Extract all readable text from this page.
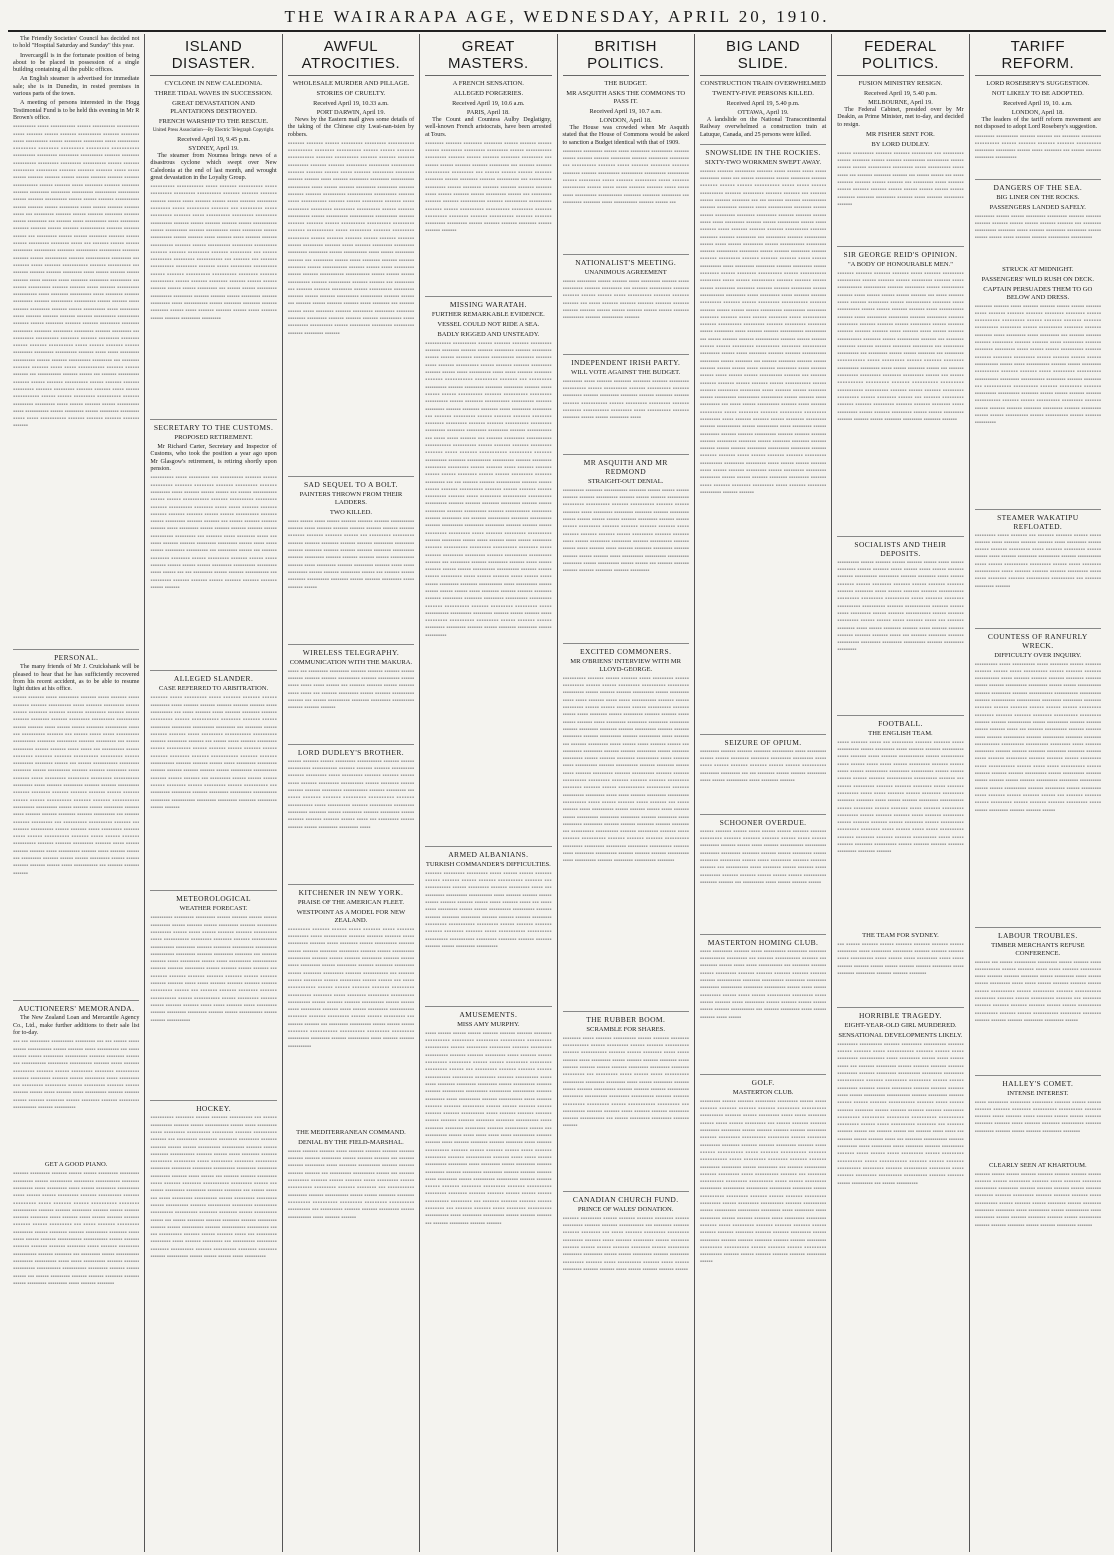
THE WAIRARAPA AGE, WEDNESDAY, APRIL 20, 1910.

The Friendly Societies' Council has decided not to hold "Hospital Saturday and Sunday" this year.

Invercargill is in the fortunate position of being about to be placed in possession of a single building containing all the public offices.

An English steamer is advertised for immediate sale; she is in Dunedin, in rested premises in various parts of the town.

A meeting of persons interested in the Hogg Testimonial Fund is to be held this evening in Mr R Brown's office.

▪▪▪▪▪▪▪▪▪▪ ▪▪▪▪▪ ▪▪▪▪▪▪▪▪▪▪▪ ▪▪▪▪▪▪ ▪▪▪▪▪▪▪▪▪▪ ▪▪▪▪▪▪▪▪▪▪ ▪▪▪▪▪ ▪▪▪▪▪▪▪ ▪▪▪▪▪▪ ▪▪▪▪▪▪▪ ▪▪▪▪▪▪▪▪▪▪ ▪▪▪▪▪▪▪ ▪▪▪▪▪▪▪▪ ▪▪▪▪▪ ▪▪▪▪▪▪▪▪▪▪ ▪▪▪▪▪▪ ▪▪▪▪▪▪▪▪ ▪▪▪▪▪▪▪▪▪ ▪▪▪▪▪ ▪▪▪▪▪▪▪▪▪▪ ▪▪▪▪▪▪▪▪▪ ▪▪▪▪▪▪▪▪ ▪▪▪▪▪▪▪▪▪ ▪▪▪▪▪▪▪▪▪ ▪▪▪▪▪▪▪▪▪▪▪ ▪▪▪▪▪▪▪▪▪▪ ▪▪▪▪▪▪▪▪▪ ▪▪▪▪▪▪▪▪▪ ▪▪▪▪▪▪▪▪▪▪ ▪▪▪▪▪▪▪ ▪▪▪▪▪▪▪▪ ▪▪▪▪▪▪▪▪▪▪ ▪▪▪▪▪▪▪▪▪ ▪▪▪▪▪▪▪▪▪ ▪▪▪▪▪▪▪▪▪▪ ▪▪▪▪▪▪ ▪▪▪▪▪▪▪ ▪▪▪▪▪▪▪▪▪ ▪▪▪▪▪▪▪▪▪ ▪▪▪▪▪▪▪ ▪▪▪▪▪▪▪ ▪▪▪▪▪▪▪ ▪▪▪▪▪ ▪▪▪▪▪ ▪▪▪▪▪▪ ▪▪▪▪▪▪▪ ▪▪▪▪▪▪▪ ▪▪▪▪▪▪ ▪▪▪▪▪▪ ▪▪▪▪▪▪▪ ▪▪▪▪▪▪▪ ▪▪▪▪▪▪▪ ▪▪▪▪▪▪▪▪▪▪▪ ▪▪▪▪▪▪ ▪▪▪▪▪▪▪ ▪▪▪▪▪ ▪▪▪▪▪▪▪▪ ▪▪▪▪▪▪▪ ▪▪▪▪▪▪▪▪ ▪▪▪▪▪▪▪ ▪▪▪▪▪▪▪▪▪ ▪▪▪▪▪▪▪▪▪ ▪▪▪▪▪▪▪▪▪▪ ▪▪▪▪▪▪▪▪▪▪ ▪▪▪▪▪▪▪▪▪▪ ▪▪▪▪▪▪ ▪▪▪▪▪▪▪ ▪▪▪▪▪▪▪▪▪▪ ▪▪▪▪▪▪ ▪▪▪▪▪▪ ▪▪▪▪▪▪▪ ▪▪▪▪▪▪▪▪▪▪▪ ▪▪▪▪▪▪ ▪▪▪▪▪▪▪ ▪▪▪▪▪▪ ▪▪▪▪▪▪▪▪▪ ▪▪▪▪▪ ▪▪▪▪▪▪ ▪▪▪▪▪▪▪ ▪▪▪▪▪▪▪ ▪▪▪▪▪ ▪▪▪ ▪▪▪▪▪▪▪▪▪ ▪▪▪▪▪▪▪ ▪▪▪▪▪▪ ▪▪▪▪▪▪▪ ▪▪▪▪▪▪▪▪ ▪▪▪▪▪▪▪ ▪▪▪▪▪▪ ▪▪▪▪▪▪▪▪▪ ▪▪▪ ▪▪▪▪▪▪▪ ▪▪▪▪▪ ▪▪▪▪▪▪▪▪▪▪ ▪▪▪▪▪ ▪▪▪▪▪▪▪▪▪ ▪▪▪▪▪▪▪ ▪▪▪▪▪▪▪ ▪▪▪▪▪▪ ▪▪▪▪▪▪▪ ▪▪▪▪▪▪▪▪▪▪▪ ▪▪▪▪▪▪▪ ▪▪▪▪▪▪▪ ▪▪▪▪▪▪ ▪▪▪ ▪▪▪▪▪▪▪▪▪ ▪▪▪▪▪▪ ▪▪▪▪▪▪ ▪▪▪▪▪▪▪▪ ▪▪▪▪▪▪▪ ▪▪▪▪▪▪ ▪▪▪▪▪▪ ▪▪▪▪▪▪▪▪▪ ▪▪▪▪▪▪▪▪ ▪▪▪▪▪ ▪▪▪ ▪▪▪▪▪▪▪ ▪▪▪▪▪▪ ▪▪▪▪▪▪ ▪▪▪▪▪▪▪▪▪ ▪▪▪▪▪▪▪▪▪▪ ▪▪▪▪▪▪▪▪ ▪▪▪▪▪▪▪▪▪▪ ▪▪▪▪▪▪▪▪▪▪ ▪▪▪▪▪▪▪▪ ▪▪▪▪▪▪▪ ▪▪▪▪▪▪ ▪▪▪▪▪▪▪▪▪▪ ▪▪▪▪▪▪▪ ▪▪▪▪▪▪▪▪▪▪▪ ▪▪▪▪▪▪▪▪▪ ▪▪▪ ▪▪▪▪▪▪▪ ▪▪▪▪▪ ▪▪▪▪▪▪▪ ▪▪▪▪▪▪▪▪▪▪▪ ▪▪▪▪▪▪▪ ▪▪▪▪▪▪▪▪▪▪ ▪▪▪ ▪▪▪▪▪▪▪ ▪▪▪▪▪▪▪ ▪▪▪▪▪▪▪ ▪▪▪▪▪▪▪▪▪ ▪▪▪▪▪ ▪▪▪▪▪▪ ▪▪▪▪▪▪▪ ▪▪▪▪▪▪ ▪▪▪▪▪▪▪ ▪▪▪▪▪ ▪▪▪▪▪▪▪ ▪▪▪▪▪ ▪▪▪▪▪▪▪▪ ▪▪▪▪▪▪▪▪▪ ▪▪▪▪▪▪▪▪▪▪ ▪▪▪ ▪▪▪▪▪▪ ▪▪▪▪▪▪▪▪▪▪ ▪▪▪▪▪▪▪ ▪▪▪▪▪▪▪ ▪▪▪▪▪ ▪▪▪▪▪▪▪ ▪▪▪▪▪▪▪▪▪▪ ▪▪▪▪▪▪▪▪▪▪▪ ▪▪▪▪▪ ▪▪▪▪▪▪▪▪ ▪▪▪▪▪▪▪▪▪▪ ▪▪▪▪▪ ▪▪▪▪▪▪▪▪ ▪▪▪▪▪▪▪ ▪▪▪▪▪▪▪▪▪ ▪▪▪▪▪▪▪ ▪▪▪▪▪▪▪▪▪▪ ▪▪▪▪▪▪▪▪▪▪ ▪▪▪▪▪▪ ▪▪▪▪▪▪▪ ▪▪▪▪▪ ▪▪▪▪▪▪▪ ▪▪▪▪▪▪▪▪▪ ▪▪▪▪▪▪▪ ▪▪▪▪▪▪ ▪▪▪▪▪▪▪▪▪▪ ▪▪▪▪▪ ▪▪▪▪▪▪▪▪▪ ▪▪▪▪▪ ▪▪▪▪▪▪▪ ▪▪▪▪▪▪▪ ▪▪▪▪▪▪▪ ▪▪▪▪▪▪▪ ▪▪▪▪▪▪▪▪▪▪ ▪▪▪▪▪▪▪▪▪▪ ▪▪▪▪▪▪▪ ▪▪▪▪▪▪ ▪▪▪▪▪▪▪▪ ▪▪▪▪▪▪▪ ▪▪▪▪▪▪▪ ▪▪▪▪▪▪▪▪▪ ▪▪▪▪▪▪▪▪ ▪▪▪▪▪▪▪▪▪ ▪▪▪▪▪▪▪▪ ▪▪▪▪▪▪▪▪▪ ▪▪▪▪▪▪▪▪▪ ▪▪▪▪▪▪▪ ▪▪▪▪▪▪▪▪▪ ▪▪▪ ▪▪▪▪▪▪▪▪▪ ▪▪▪▪▪▪▪▪▪▪ ▪▪▪▪▪▪▪▪ ▪▪▪▪▪▪▪ ▪▪▪▪▪▪▪▪▪ ▪▪▪▪▪▪▪▪ ▪▪▪▪▪▪ ▪▪▪▪▪▪▪ ▪▪▪▪▪▪▪▪▪▪ ▪▪▪▪▪ ▪▪▪▪▪▪ ▪▪▪▪▪▪▪ ▪▪▪▪▪▪ ▪▪▪▪▪▪▪▪▪ ▪▪▪▪▪▪▪▪▪ ▪▪▪▪▪▪▪▪▪▪ ▪▪▪▪▪▪▪ ▪▪▪▪▪ ▪▪▪▪▪ ▪▪▪▪▪▪▪▪▪ ▪▪▪▪▪▪▪▪▪▪ ▪▪▪▪▪▪ ▪▪▪▪▪▪▪ ▪▪▪▪▪▪▪▪▪▪ ▪▪▪▪▪▪▪▪▪ ▪▪▪ ▪▪▪▪▪▪▪▪ ▪▪▪▪▪▪▪ ▪▪▪▪▪▪▪ ▪▪▪▪▪ ▪▪▪▪▪ ▪▪▪▪▪▪▪▪▪▪▪ ▪▪▪▪▪▪▪ ▪▪▪▪▪▪ ▪▪▪▪▪▪▪ ▪▪▪ ▪▪▪▪▪▪▪▪▪▪▪ ▪▪▪▪▪▪▪ ▪▪▪▪▪▪ ▪▪▪ ▪▪▪▪▪▪▪ ▪▪▪▪▪▪▪▪▪▪ ▪▪▪▪▪▪▪ ▪▪▪▪▪▪ ▪▪▪▪▪▪▪ ▪▪▪▪▪▪▪▪▪▪ ▪▪▪▪▪▪ ▪▪▪▪▪▪▪ ▪▪▪▪▪▪▪ ▪▪▪▪▪▪▪▪▪ ▪▪▪▪▪▪▪ ▪▪▪▪▪▪▪▪▪ ▪▪▪▪▪▪▪ ▪▪▪▪▪▪▪ ▪▪▪▪▪ ▪▪▪▪▪▪ ▪▪▪▪▪▪▪▪▪▪▪ ▪▪▪▪▪▪ ▪▪▪▪▪▪ ▪▪▪▪▪▪▪▪▪ ▪▪▪▪▪▪▪▪▪▪ ▪▪▪▪▪▪▪ ▪▪▪▪▪▪▪▪▪ ▪▪▪▪▪▪▪▪▪ ▪▪▪▪▪ ▪▪▪▪▪▪ ▪▪▪▪▪▪▪ ▪▪▪▪▪▪ ▪▪▪▪▪▪▪▪▪▪ ▪▪▪▪▪ ▪▪▪▪▪▪▪▪▪▪▪ ▪▪▪▪▪▪ ▪▪▪▪▪▪▪▪▪ ▪▪▪▪▪▪ ▪▪▪▪▪▪▪▪▪ ▪▪▪▪▪▪▪▪▪ ▪▪▪▪▪ ▪▪▪▪▪ ▪▪▪▪▪▪▪▪▪▪▪ ▪▪▪▪▪▪▪ ▪▪▪▪▪▪▪ ▪▪▪▪▪▪▪ ▪▪▪▪▪▪▪ ▪▪▪▪▪▪▪
PERSONAL.

The many friends of Mr J. Cruickshank will be pleased to hear that he has sufficiently recovered from his recent accident, as to be able to resume light duties at his office.

▪▪▪▪▪▪ ▪▪▪▪▪▪▪ ▪▪▪▪▪ ▪▪▪▪▪▪▪▪▪ ▪▪▪▪▪▪▪ ▪▪▪▪▪ ▪▪▪▪▪▪▪ ▪▪▪▪▪ ▪▪▪▪▪▪▪ ▪▪▪▪▪▪▪ ▪▪▪▪▪▪▪▪▪▪ ▪▪▪▪▪ ▪▪▪▪▪▪▪ ▪▪▪▪▪▪▪▪▪ ▪▪▪▪▪▪ ▪▪▪▪▪▪ ▪▪▪▪▪▪▪▪ ▪▪▪▪▪▪▪ ▪▪▪▪▪▪▪ ▪▪▪▪▪▪▪▪▪ ▪▪▪▪▪▪▪ ▪▪▪▪▪▪ ▪▪▪▪▪▪▪ ▪▪▪▪▪▪▪▪ ▪▪▪▪▪▪▪ ▪▪▪▪▪▪▪▪▪ ▪▪▪▪▪▪▪▪▪▪ ▪▪▪▪▪▪▪▪▪▪ ▪▪▪▪▪▪ ▪▪▪▪▪▪▪ ▪▪▪▪▪ ▪▪▪▪▪▪ ▪▪▪▪▪▪ ▪▪▪▪▪▪▪▪ ▪▪▪▪▪▪▪▪▪▪ ▪▪▪▪▪ ▪▪▪ ▪▪▪▪▪▪▪▪▪▪ ▪▪▪▪▪▪▪ ▪▪▪ ▪▪▪▪▪▪ ▪▪▪▪▪ ▪▪▪▪▪ ▪▪▪▪▪▪▪▪▪▪ ▪▪▪▪▪▪▪▪▪▪ ▪▪▪▪▪▪▪▪ ▪▪▪▪▪▪▪▪▪ ▪▪▪▪▪▪▪ ▪▪▪▪▪▪▪▪▪ ▪▪▪ ▪▪▪▪▪▪ ▪▪▪▪▪▪▪▪▪ ▪▪▪▪▪▪ ▪▪▪▪▪▪▪ ▪▪▪▪▪ ▪▪▪▪▪ ▪▪▪ ▪▪▪▪▪▪▪▪▪▪ ▪▪▪▪▪▪ ▪▪▪▪▪▪▪▪ ▪▪▪▪▪▪▪ ▪▪▪▪▪▪▪ ▪▪▪▪▪▪▪▪▪▪ ▪▪▪▪▪▪▪▪▪ ▪▪▪▪▪▪ ▪▪▪▪▪▪▪▪▪ ▪▪▪▪▪▪▪▪ ▪▪▪▪▪▪ ▪▪▪ ▪▪▪▪▪▪ ▪▪▪▪▪▪▪▪▪▪▪ ▪▪▪▪▪▪▪▪▪ ▪▪▪▪▪▪▪▪ ▪▪▪▪▪▪ ▪▪▪▪▪▪▪▪▪▪ ▪▪▪▪▪▪▪ ▪▪▪▪▪▪▪ ▪▪▪▪▪▪▪▪▪ ▪▪▪▪▪ ▪▪▪▪▪▪▪ ▪▪▪▪▪ ▪▪▪▪▪▪▪▪▪ ▪▪▪▪▪▪▪▪▪ ▪▪▪▪▪▪▪▪▪ ▪▪▪▪▪▪▪▪▪▪▪ ▪▪▪▪▪▪▪▪▪ ▪▪▪▪▪ ▪▪▪▪▪▪▪ ▪▪▪▪▪▪▪▪▪ ▪▪▪▪▪▪▪ ▪▪▪▪▪▪▪ ▪▪▪▪▪▪▪▪▪▪ ▪▪▪▪▪▪▪ ▪▪▪▪▪▪▪▪ ▪▪▪▪▪▪▪ ▪▪▪▪▪▪▪ ▪▪▪▪▪▪▪ ▪▪▪▪▪▪ ▪▪▪▪▪▪▪ ▪▪▪▪▪▪ ▪▪▪▪▪▪ ▪▪▪▪▪▪▪▪▪▪ ▪▪▪▪▪▪▪ ▪▪▪▪▪▪▪ ▪▪▪▪▪▪▪▪▪▪▪ ▪▪▪▪▪▪▪▪▪▪ ▪▪▪▪▪▪▪▪▪▪ ▪▪▪▪▪▪ ▪▪▪▪▪▪▪ ▪▪▪▪▪▪ ▪▪▪▪▪▪▪▪▪ ▪▪▪▪▪▪▪ ▪▪▪▪▪ ▪▪▪▪▪▪▪ ▪▪▪▪▪▪▪ ▪▪▪▪▪▪▪▪ ▪▪▪▪▪▪▪ ▪▪▪▪▪▪▪▪▪▪ ▪▪▪ ▪▪▪▪▪▪▪ ▪▪▪▪▪▪▪ ▪▪▪▪▪▪▪▪▪ ▪▪▪ ▪▪▪▪▪▪▪▪▪▪ ▪▪▪▪▪▪▪▪▪▪ ▪▪▪▪▪▪▪ ▪▪▪ ▪▪▪▪▪▪▪ ▪▪▪▪▪▪▪▪▪▪ ▪▪▪▪▪▪ ▪▪▪▪▪▪▪ ▪▪▪▪▪ ▪▪▪▪▪▪▪▪▪ ▪▪▪▪▪▪▪ ▪▪▪▪▪ ▪▪▪▪▪▪ ▪▪▪▪▪▪▪▪▪▪ ▪▪▪▪▪▪▪ ▪▪▪▪▪ ▪▪▪▪▪▪ ▪▪▪▪▪▪▪ ▪▪▪▪▪▪▪▪▪▪ ▪▪▪▪▪▪▪ ▪▪▪▪▪▪▪ ▪▪▪▪▪▪▪▪▪ ▪▪▪▪▪▪▪ ▪▪▪▪▪ ▪▪▪▪▪▪ ▪▪▪▪▪▪▪ ▪▪▪▪▪▪▪ ▪▪▪▪▪ ▪▪▪▪▪▪▪▪▪▪ ▪▪▪▪▪▪▪ ▪▪▪▪▪ ▪▪▪▪▪▪▪ ▪▪▪▪▪▪ ▪▪▪ ▪▪▪▪▪▪▪▪▪ ▪▪▪▪▪▪▪ ▪▪▪▪▪▪ ▪▪▪▪▪▪ ▪▪▪▪▪▪▪▪▪ ▪▪▪▪▪▪ ▪▪▪▪▪▪ ▪▪▪▪▪▪▪ ▪▪▪▪▪▪▪ ▪▪▪▪▪▪ ▪▪▪▪▪ ▪▪▪▪▪▪▪▪▪▪▪ ▪▪▪ ▪▪▪▪▪▪▪ ▪▪▪▪▪▪▪ ▪▪▪▪▪▪▪
AUCTIONEERS' MEMORANDA.

The New Zealand Loan and Mercantile Agency Co., Ltd., make further additions to their sale list for to-day.

▪▪▪ ▪▪▪ ▪▪▪▪▪▪▪▪▪ ▪▪▪▪▪▪▪▪▪▪ ▪▪▪▪▪▪▪▪▪ ▪▪▪ ▪▪▪ ▪▪▪▪▪▪ ▪▪▪▪▪ ▪▪▪▪▪▪ ▪▪▪▪▪▪▪▪▪▪▪ ▪▪▪▪▪▪ ▪▪▪▪▪▪▪ ▪▪▪▪▪ ▪▪▪▪▪▪▪▪▪▪ ▪▪▪ ▪▪▪▪▪ ▪▪▪▪▪▪ ▪▪▪▪▪▪ ▪▪▪▪▪▪▪▪▪ ▪▪▪▪▪▪▪▪▪▪ ▪▪▪▪▪▪▪ ▪▪▪▪▪▪▪▪ ▪▪▪▪▪▪ ▪▪▪ ▪▪▪▪▪▪▪▪▪▪▪ ▪▪▪▪▪▪▪▪▪ ▪▪▪▪▪▪▪▪▪▪ ▪▪▪▪▪▪▪ ▪▪▪▪▪ ▪▪▪▪▪▪▪ ▪▪▪▪▪▪▪▪▪ ▪▪▪▪▪▪▪ ▪▪▪▪▪▪ ▪▪▪▪▪▪▪▪▪ ▪▪▪▪▪▪▪▪ ▪▪▪▪▪▪▪▪▪▪ ▪▪▪▪▪▪▪ ▪▪▪▪▪▪▪▪▪ ▪▪▪▪▪▪▪ ▪▪▪▪▪▪ ▪▪▪▪▪▪▪▪▪ ▪▪▪▪▪ ▪▪▪▪▪▪▪▪▪ ▪▪▪ ▪▪▪▪▪▪▪▪▪ ▪▪▪▪▪▪▪▪▪ ▪▪▪▪▪▪ ▪▪▪▪▪▪▪▪▪ ▪▪▪▪▪▪▪ ▪▪▪▪▪▪ ▪▪▪▪▪▪▪ ▪▪▪▪▪▪ ▪▪▪▪▪ ▪▪▪▪▪▪▪ ▪▪▪▪▪ ▪▪▪▪▪▪▪▪▪▪ ▪▪▪▪▪▪▪ ▪▪▪▪▪▪▪ ▪▪▪▪▪▪ ▪▪▪▪▪▪▪ ▪▪▪▪▪▪▪▪ ▪▪▪▪▪▪ ▪▪▪▪▪▪▪▪ ▪▪▪▪▪▪▪ ▪▪▪▪▪▪▪▪▪ ▪▪▪▪▪▪▪▪▪▪▪ ▪▪▪▪▪▪▪ ▪▪▪▪▪▪▪▪▪▪
GET A GOOD PIANO.
▪▪▪▪▪▪▪ ▪▪▪▪▪▪▪▪▪ ▪▪▪▪▪▪▪ ▪▪▪▪▪▪ ▪▪▪▪▪▪ ▪▪▪▪▪▪▪▪▪ ▪▪▪▪▪▪▪▪▪ ▪▪▪▪▪▪▪▪▪ ▪▪▪▪▪▪ ▪▪▪▪▪▪▪▪▪▪ ▪▪▪▪▪▪▪▪▪ ▪▪▪▪▪▪▪▪▪▪▪ ▪▪▪▪▪▪▪▪ ▪▪▪▪▪▪▪▪▪ ▪▪▪▪▪ ▪▪▪▪▪▪▪▪▪ ▪▪▪▪▪ ▪▪▪▪▪▪ ▪▪▪▪▪▪▪▪▪ ▪▪▪▪▪▪▪▪▪▪ ▪▪▪▪▪ ▪▪▪▪▪▪ ▪▪▪▪▪▪ ▪▪▪▪▪▪▪▪▪ ▪▪▪▪▪▪▪ ▪▪▪▪▪▪▪▪▪▪ ▪▪▪▪▪▪▪ ▪▪▪▪▪▪▪▪▪ ▪▪▪▪▪ ▪▪▪▪▪▪▪ ▪▪▪▪▪▪ ▪▪▪▪▪▪▪▪▪▪ ▪▪▪▪▪▪▪▪ ▪▪▪▪▪▪▪▪▪▪▪ ▪▪▪▪▪▪▪ ▪▪▪▪▪▪▪ ▪▪▪▪▪▪▪▪▪ ▪▪▪▪▪▪▪ ▪▪▪▪▪▪ ▪▪▪▪▪▪▪ ▪▪▪▪▪▪▪ ▪▪▪▪▪▪▪▪ ▪▪▪▪▪ ▪▪▪▪▪▪▪ ▪▪▪▪▪ ▪▪▪▪▪▪ ▪▪▪▪▪▪▪ ▪▪▪▪▪▪▪ ▪▪▪▪▪▪▪ ▪▪▪▪▪▪ ▪▪▪▪▪▪▪▪▪ ▪▪▪ ▪▪▪▪▪ ▪▪▪▪▪▪▪ ▪▪▪▪▪▪▪▪▪ ▪▪▪▪▪▪▪▪▪ ▪▪▪▪▪▪ ▪▪▪▪▪▪▪▪ ▪▪▪▪▪▪▪ ▪▪▪▪▪▪▪▪▪▪ ▪▪▪▪▪▪▪▪ ▪▪▪▪▪ ▪▪▪▪▪ ▪▪▪▪▪▪ ▪▪▪▪▪▪▪ ▪▪▪▪▪▪▪▪▪▪▪ ▪▪▪▪▪▪▪▪▪▪▪ ▪▪▪▪▪▪ ▪▪▪▪▪▪▪ ▪▪▪▪▪▪▪ ▪▪▪▪▪▪▪ ▪▪▪▪▪▪▪ ▪▪▪▪▪▪▪▪ ▪▪▪▪▪ ▪▪▪▪▪▪▪ ▪▪▪▪▪▪▪▪▪ ▪▪▪▪▪▪▪▪▪▪▪ ▪▪▪▪▪▪▪ ▪▪▪▪▪▪▪▪ ▪▪▪ ▪▪▪▪▪▪▪▪▪ ▪▪▪▪▪▪ ▪▪▪▪▪▪▪▪▪▪▪ ▪▪▪▪▪▪▪▪▪ ▪▪▪▪▪▪▪▪▪▪ ▪▪▪▪▪ ▪▪▪▪▪ ▪▪▪▪▪▪▪▪▪▪ ▪▪▪▪▪▪▪ ▪▪▪▪▪▪▪ ▪▪▪▪▪▪▪▪▪▪ ▪▪▪▪▪▪▪▪▪▪▪ ▪▪▪▪▪▪▪▪▪▪▪ ▪▪▪▪▪▪▪▪▪ ▪▪▪▪▪▪▪ ▪▪▪▪▪▪ ▪▪▪▪▪▪ ▪▪▪ ▪▪▪▪▪▪ ▪▪▪▪▪▪▪▪▪ ▪▪▪▪▪▪▪ ▪▪▪▪▪▪▪ ▪▪▪▪▪▪▪▪ ▪▪▪▪▪▪▪ ▪▪▪▪▪▪ ▪▪▪▪▪▪▪▪▪ ▪▪▪▪▪▪▪▪▪ ▪▪▪▪▪ ▪▪▪▪▪▪▪ ▪▪▪▪▪▪▪▪
ISLAND DISASTER.
CYCLONE IN NEW CALEDONIA.
THREE TIDAL WAVES IN SUCCESSION.
GREAT DEVASTATION AND PLANTATIONS DESTROYED.
FRENCH WARSHIP TO THE RESCUE.
United Press Association—By Electric Telegraph Copyright.
Received April 19, 9.45 p.m.
SYDNEY, April 19.

The steamer from Noumea brings news of a disastrous cyclone which swept over New Caledonia at the end of last month, and wrought great devastation in the Loyalty Group.

▪▪▪▪▪▪▪▪▪▪ ▪▪▪▪▪▪▪▪▪▪▪ ▪▪▪▪▪ ▪▪▪▪▪▪▪ ▪▪▪▪▪▪▪▪▪▪ ▪▪▪▪▪ ▪▪▪▪▪▪▪▪▪ ▪▪▪▪▪▪▪▪▪ ▪▪▪▪▪▪▪▪▪▪ ▪▪▪▪▪▪▪ ▪▪▪▪▪▪▪ ▪▪▪▪▪▪▪ ▪▪▪▪▪▪▪ ▪▪▪▪▪▪ ▪▪▪▪▪ ▪▪▪▪▪▪▪ ▪▪▪▪▪▪ ▪▪▪▪▪ ▪▪▪▪▪▪▪ ▪▪▪▪▪▪▪▪▪ ▪▪▪▪▪▪▪▪ ▪▪▪▪▪ ▪▪▪▪▪▪▪▪▪ ▪▪▪▪▪▪▪ ▪▪▪ ▪▪▪▪▪▪▪▪▪ ▪▪▪▪▪ ▪▪▪▪▪▪▪▪▪ ▪▪▪▪▪▪▪ ▪▪▪▪▪ ▪▪▪▪▪▪▪▪▪▪ ▪▪▪▪▪▪▪▪▪ ▪▪▪▪▪▪▪▪▪ ▪▪▪▪▪▪▪▪▪▪ ▪▪▪▪▪▪▪ ▪▪▪▪▪▪ ▪▪▪▪▪▪▪ ▪▪▪▪▪▪▪ ▪▪▪▪▪▪ ▪▪▪▪▪▪▪▪▪▪▪ ▪▪▪▪▪▪ ▪▪▪▪▪▪▪▪▪▪ ▪▪▪▪▪▪▪ ▪▪▪▪▪▪▪▪▪▪ ▪▪▪▪▪ ▪▪▪▪▪▪▪▪▪ ▪▪▪▪▪▪ ▪▪▪▪▪▪▪▪▪▪ ▪▪▪▪▪▪ ▪▪▪▪▪▪▪ ▪▪▪▪▪ ▪▪▪▪▪▪▪ ▪▪▪▪▪ ▪▪▪▪▪▪▪ ▪▪▪▪▪▪▪ ▪▪▪▪▪▪▪▪▪▪ ▪▪▪▪▪▪▪ ▪▪▪▪▪▪ ▪▪▪▪▪▪▪▪▪▪ ▪▪▪▪▪▪▪▪▪ ▪▪▪▪▪▪▪▪▪▪ ▪▪▪▪▪▪▪ ▪▪▪▪▪▪▪ ▪▪▪▪▪▪▪▪▪ ▪▪▪▪▪▪▪ ▪▪▪▪▪▪▪▪▪ ▪▪▪ ▪▪▪▪▪▪ ▪▪▪▪▪▪▪▪▪ ▪▪▪▪▪▪▪▪▪ ▪▪▪▪▪▪▪▪▪▪▪ ▪▪▪ ▪▪▪▪▪▪▪ ▪▪▪ ▪▪▪▪▪▪▪ ▪▪▪▪▪▪▪▪▪▪ ▪▪▪▪▪▪▪▪▪ ▪▪▪▪▪▪▪ ▪▪▪▪▪ ▪▪▪▪▪▪▪▪▪ ▪▪▪▪▪▪▪▪▪▪ ▪▪▪▪▪▪ ▪▪▪▪▪▪▪ ▪▪▪▪▪▪▪▪▪▪ ▪▪▪▪▪▪▪▪▪▪ ▪▪▪▪▪▪▪▪ ▪▪▪▪▪▪▪ ▪▪▪▪▪▪▪▪▪▪ ▪▪▪▪▪▪ ▪▪▪▪▪▪▪ ▪▪▪▪▪▪▪▪ ▪▪▪▪▪▪▪ ▪▪▪▪▪▪ ▪▪▪▪▪▪ ▪▪▪▪▪▪▪ ▪▪▪▪▪▪ ▪▪▪▪▪▪ ▪▪▪▪▪▪▪▪▪ ▪▪▪ ▪▪▪▪▪▪ ▪▪▪▪▪▪ ▪▪▪▪▪▪▪▪▪ ▪▪▪▪▪▪▪▪▪▪ ▪▪▪▪▪▪▪▪▪ ▪▪▪▪▪▪▪ ▪▪▪▪▪▪▪ ▪▪▪▪▪▪ ▪▪▪▪▪▪▪▪▪ ▪▪▪▪▪▪▪ ▪▪▪▪▪▪▪▪▪ ▪▪▪▪▪ ▪▪▪▪▪▪▪▪▪▪▪ ▪▪▪▪▪▪ ▪▪▪▪▪▪▪▪ ▪▪▪▪▪▪▪▪ ▪▪▪▪▪▪▪ ▪▪▪▪▪▪▪▪ ▪▪▪▪▪▪ ▪▪▪▪▪ ▪▪▪▪▪▪▪ ▪▪▪▪▪▪▪ ▪▪▪▪▪▪ ▪▪▪▪▪ ▪▪▪▪▪▪▪ ▪▪▪▪▪▪ ▪▪▪▪▪▪▪ ▪▪▪▪▪▪▪▪▪ ▪▪▪▪▪▪▪▪▪
SECRETARY TO THE CUSTOMS.
PROPOSED RETIREMENT.

Mr Richard Carter, Secretary and Inspector of Customs, who took the position a year ago upon Mr Glasgow's retirement, is retiring shortly upon pension.

▪▪▪▪▪▪▪▪▪▪ ▪▪▪▪▪ ▪▪▪▪▪▪▪▪▪ ▪▪▪ ▪▪▪▪▪▪▪▪▪▪ ▪▪▪▪▪▪▪ ▪▪▪▪▪▪ ▪▪▪▪▪▪▪▪▪ ▪▪▪▪▪▪▪ ▪▪▪▪▪▪▪▪ ▪▪▪▪▪▪▪ ▪▪▪▪▪▪▪▪▪ ▪▪▪▪▪▪▪ ▪▪▪▪▪▪▪▪▪ ▪▪▪▪▪ ▪▪▪▪▪▪▪ ▪▪▪▪▪▪ ▪▪▪▪▪▪ ▪▪▪ ▪▪▪▪▪▪ ▪▪▪▪▪▪▪▪▪▪▪ ▪▪▪▪▪▪ ▪▪▪▪▪▪ ▪▪▪▪▪▪▪▪▪▪▪ ▪▪▪▪▪▪▪ ▪▪▪▪▪▪▪▪▪▪ ▪▪▪▪▪▪▪▪▪ ▪▪▪▪▪▪▪ ▪▪▪▪▪▪▪▪▪▪ ▪▪▪▪▪▪▪▪ ▪▪▪▪▪ ▪▪▪▪▪ ▪▪▪▪▪▪▪ ▪▪▪▪▪▪▪ ▪▪▪▪▪▪▪ ▪▪▪▪▪▪▪ ▪▪▪▪▪▪▪ ▪▪▪▪▪▪ ▪▪▪▪▪▪ ▪▪▪▪▪▪▪▪▪▪ ▪▪▪▪▪▪▪ ▪▪▪▪▪▪ ▪▪▪▪▪▪▪▪▪ ▪▪▪▪▪▪▪ ▪▪▪▪▪▪▪ ▪▪▪ ▪▪▪▪▪▪ ▪▪▪▪▪▪▪ ▪▪▪▪▪▪▪ ▪▪▪▪▪▪▪ ▪▪▪▪▪ ▪▪▪▪▪▪▪▪▪ ▪▪▪▪▪▪ ▪▪▪▪▪▪▪ ▪▪▪▪▪▪▪ ▪▪▪▪▪▪▪ ▪▪▪▪▪▪ ▪▪▪▪▪▪▪▪▪▪ ▪▪▪▪▪▪▪▪▪ ▪▪▪ ▪▪▪▪▪▪▪ ▪▪▪▪▪ ▪▪▪▪▪▪▪▪ ▪▪▪▪▪ ▪▪▪ ▪▪▪▪▪ ▪▪▪▪▪▪▪ ▪▪▪▪▪▪▪ ▪▪▪▪▪▪▪▪▪ ▪▪▪▪▪▪▪▪▪ ▪▪▪▪▪▪ ▪▪▪▪▪ ▪▪▪▪▪ ▪▪▪▪▪▪ ▪▪▪▪▪▪▪▪▪ ▪▪▪▪▪▪▪▪▪▪ ▪▪▪ ▪▪▪▪▪▪▪▪▪ ▪▪▪▪▪▪ ▪▪▪ ▪▪▪▪▪▪▪ ▪▪▪▪▪▪▪▪ ▪▪▪▪▪▪▪▪ ▪▪▪▪▪▪ ▪▪▪▪▪▪▪▪▪ ▪▪▪▪▪▪▪ ▪▪▪▪▪▪ ▪▪▪▪▪ ▪▪▪▪▪▪▪ ▪▪▪▪▪▪ ▪▪▪▪▪▪ ▪▪▪▪▪▪ ▪▪▪▪▪▪▪▪▪ ▪▪▪▪▪▪▪▪▪▪ ▪▪▪▪▪▪▪▪▪ ▪▪▪▪▪ ▪▪▪▪▪▪ ▪▪▪ ▪▪▪ ▪▪▪▪▪▪▪▪▪ ▪▪▪▪▪▪ ▪▪▪▪▪▪▪ ▪▪▪▪▪▪▪▪▪▪▪ ▪▪▪ ▪▪▪▪▪▪▪▪▪ ▪▪▪▪▪▪▪ ▪▪▪▪▪▪▪ ▪▪▪▪▪▪ ▪▪▪▪▪▪▪ ▪▪▪▪▪▪▪ ▪▪▪▪▪▪▪ ▪▪▪▪▪▪ ▪▪▪▪▪▪▪
ALLEGED SLANDER.
CASE REFERRED TO ARBITRATION.
▪▪▪▪▪▪▪ ▪▪▪▪▪ ▪▪▪▪▪▪▪▪▪ ▪▪▪▪▪ ▪▪▪▪▪▪▪ ▪▪▪▪▪▪▪ ▪▪▪▪▪▪ ▪▪▪▪▪▪▪▪▪ ▪▪▪▪▪ ▪▪▪▪▪▪▪ ▪▪▪▪▪▪▪ ▪▪▪▪▪▪▪ ▪▪▪▪▪▪▪ ▪▪▪▪▪▪▪ ▪▪▪▪▪ ▪▪▪▪▪▪▪▪▪▪ ▪▪▪ ▪▪▪▪▪ ▪▪▪▪▪▪▪ ▪▪▪▪▪ ▪▪▪▪▪▪▪ ▪▪▪▪▪▪▪▪ ▪▪▪▪▪▪▪ ▪▪▪▪▪▪▪▪▪ ▪▪▪▪▪▪ ▪▪▪▪▪▪▪▪▪▪▪ ▪▪▪▪▪▪▪▪ ▪▪▪▪▪▪▪ ▪▪▪▪▪▪ ▪▪▪▪▪▪▪▪▪ ▪▪▪▪▪▪▪▪▪ ▪▪▪▪▪▪▪▪▪▪ ▪▪▪▪▪▪▪▪▪ ▪▪▪ ▪▪▪▪▪▪▪▪ ▪▪▪▪▪▪ ▪▪▪▪▪▪▪ ▪▪▪▪▪▪▪ ▪▪▪▪▪ ▪▪▪▪▪▪▪▪▪ ▪▪▪▪▪▪▪▪▪▪▪ ▪▪▪▪▪▪▪▪▪▪ ▪▪▪▪▪▪▪ ▪▪▪▪▪▪▪▪▪ ▪▪▪▪▪▪▪ ▪▪▪ ▪▪▪▪▪▪ ▪▪▪▪▪ ▪▪▪▪▪▪▪ ▪▪▪▪▪▪▪▪▪ ▪▪▪▪▪▪ ▪▪▪▪▪▪▪▪▪▪ ▪▪▪▪▪▪ ▪▪▪▪▪▪▪ ▪▪▪▪▪▪ ▪▪▪▪▪▪▪ ▪▪▪▪▪▪ ▪▪▪▪▪▪▪ ▪▪▪▪▪▪▪▪ ▪▪▪▪▪▪▪ ▪▪▪▪▪▪▪▪▪▪▪ ▪▪▪▪▪▪▪ ▪▪▪▪▪▪▪ ▪▪▪▪▪▪▪▪▪▪▪ ▪▪▪▪▪▪▪ ▪▪▪▪▪▪▪ ▪▪▪▪▪▪ ▪▪▪▪▪ ▪▪▪▪▪▪▪▪▪ ▪▪▪▪▪▪▪▪▪ ▪▪▪▪▪▪▪ ▪▪▪▪▪▪▪ ▪▪▪▪▪▪▪ ▪▪▪▪▪▪▪ ▪▪▪▪▪▪ ▪▪▪▪▪▪▪▪▪▪ ▪▪▪▪▪▪▪▪▪▪▪ ▪▪▪▪▪▪▪ ▪▪▪▪▪▪ ▪▪▪▪▪▪▪ ▪▪▪ ▪▪▪▪▪▪▪▪▪ ▪▪▪▪▪▪ ▪▪▪▪▪▪ ▪▪▪▪▪▪ ▪▪▪▪▪▪ ▪▪▪▪▪▪▪▪ ▪▪▪▪▪▪ ▪▪▪▪▪▪▪▪▪ ▪▪▪▪▪▪ ▪▪▪▪▪▪▪▪▪▪ ▪▪▪ ▪▪▪▪▪▪▪▪▪ ▪▪▪▪▪▪▪▪▪ ▪▪▪▪▪▪▪ ▪▪▪▪▪▪▪▪▪ ▪▪▪▪▪▪▪▪▪▪ ▪▪▪▪▪▪▪▪▪▪▪ ▪▪▪▪▪▪▪▪▪ ▪▪▪▪▪▪▪▪▪▪▪ ▪▪▪▪▪▪▪▪▪ ▪▪▪▪▪▪▪▪▪ ▪▪▪▪▪▪▪▪ ▪▪▪▪▪▪▪▪▪ ▪▪▪▪▪▪ ▪▪▪▪▪▪▪
METEOROLOGICAL
WEATHER FORECAST.
▪▪▪▪▪▪▪▪▪▪ ▪▪▪▪▪▪▪▪▪ ▪▪▪▪▪▪▪▪▪ ▪▪▪▪▪▪ ▪▪▪▪▪▪▪ ▪▪▪▪▪▪ ▪▪▪▪▪▪ ▪▪▪▪▪▪▪▪▪ ▪▪▪▪▪▪ ▪▪▪▪▪▪▪ ▪▪▪▪▪▪ ▪▪▪▪▪▪▪▪▪ ▪▪▪▪▪▪▪ ▪▪▪▪▪▪▪▪▪ ▪▪▪▪▪▪▪▪▪ ▪▪▪▪▪▪ ▪▪▪▪▪ ▪▪▪▪▪▪ ▪▪▪▪▪▪▪ ▪▪▪▪▪▪▪ ▪▪▪▪▪▪▪▪▪▪ ▪▪▪▪▪ ▪▪▪▪▪▪▪▪▪▪▪ ▪▪▪▪▪▪▪▪▪ ▪▪▪▪▪▪▪▪ ▪▪▪▪▪▪▪ ▪▪▪▪▪▪▪▪▪▪▪ ▪▪▪▪▪▪▪▪▪▪▪ ▪▪▪▪▪▪▪▪▪ ▪▪▪▪▪▪▪ ▪▪▪▪▪▪▪▪ ▪▪▪▪▪▪▪▪▪▪ ▪▪▪▪▪▪▪▪▪▪ ▪▪▪▪▪▪▪▪▪▪▪ ▪▪▪▪▪▪▪▪▪ ▪▪▪▪▪▪▪ ▪▪▪▪▪▪▪▪▪ ▪▪▪▪▪▪▪▪ ▪▪▪ ▪▪▪▪▪▪▪ ▪▪▪▪▪▪▪ ▪▪▪▪▪ ▪▪▪▪▪▪▪▪▪ ▪▪▪▪▪▪ ▪▪▪▪▪ ▪▪▪▪▪▪▪▪▪▪ ▪▪▪▪▪▪▪▪▪▪▪ ▪▪▪▪▪▪▪ ▪▪▪▪▪▪▪ ▪▪▪▪▪▪▪▪▪ ▪▪▪▪▪▪ ▪▪▪▪▪▪▪ ▪▪▪▪▪▪ ▪▪▪▪▪▪▪ ▪▪▪ ▪▪▪▪▪▪▪ ▪▪▪▪▪▪▪ ▪▪▪▪▪▪▪ ▪▪▪▪▪▪▪ ▪▪▪▪▪▪▪ ▪▪▪▪▪▪ ▪▪▪▪▪▪▪ ▪▪▪▪▪▪▪ ▪▪▪▪▪▪▪ ▪▪▪▪▪ ▪▪▪▪▪ ▪▪▪▪▪▪▪ ▪▪▪▪▪▪▪ ▪▪▪▪▪▪▪ ▪▪▪▪▪▪▪ ▪▪▪▪▪▪▪▪▪ ▪▪▪▪▪▪ ▪▪▪ ▪▪▪▪▪▪▪ ▪▪▪▪▪▪▪ ▪▪▪▪▪▪▪▪ ▪▪▪▪▪▪▪ ▪▪▪▪▪▪▪▪▪▪▪ ▪▪▪▪▪▪ ▪▪▪▪▪▪▪▪▪▪▪ ▪▪▪▪▪▪ ▪▪▪▪▪▪▪▪▪ ▪▪▪▪▪▪▪ ▪▪▪▪▪▪ ▪▪▪▪▪▪▪ ▪▪▪▪▪▪▪ ▪▪▪▪▪ ▪▪▪▪▪ ▪▪▪▪▪▪▪ ▪▪▪▪▪ ▪▪▪▪▪▪▪▪▪ ▪▪▪▪▪▪▪ ▪▪▪▪▪▪▪▪▪ ▪▪▪▪▪▪▪▪▪ ▪▪▪▪▪▪▪ ▪▪▪▪▪▪ ▪▪▪▪▪▪▪▪▪▪▪ ▪▪▪▪▪▪ ▪▪▪▪▪▪▪ ▪▪▪▪▪▪▪▪▪▪▪
HOCKEY.
▪▪▪▪▪▪▪▪▪▪ ▪▪▪▪▪▪▪▪ ▪▪▪▪▪▪ ▪▪▪▪▪▪▪ ▪▪▪▪▪▪▪▪▪▪ ▪▪▪ ▪▪▪▪▪▪ ▪▪▪▪▪▪▪▪▪▪ ▪▪▪▪▪▪▪ ▪▪▪▪▪▪ ▪▪▪▪▪▪▪▪▪▪▪ ▪▪▪▪▪▪ ▪▪▪▪▪ ▪▪▪▪▪▪▪▪▪ ▪▪▪▪▪ ▪▪▪▪▪▪▪▪▪ ▪▪▪▪▪▪▪▪▪▪ ▪▪▪▪▪▪▪▪▪ ▪▪▪▪▪▪▪ ▪▪▪▪▪▪▪▪▪▪ ▪▪▪▪▪▪▪ ▪▪▪ ▪▪▪▪▪▪▪▪▪ ▪▪▪▪▪▪▪▪ ▪▪▪▪▪▪▪▪ ▪▪▪▪▪▪▪▪▪ ▪▪▪▪▪▪▪ ▪▪▪▪▪▪▪ ▪▪▪▪▪▪ ▪▪▪▪▪▪ ▪▪▪▪▪▪▪▪▪▪ ▪▪▪▪▪▪▪▪▪▪ ▪▪▪▪▪▪▪ ▪▪▪▪▪▪ ▪▪▪▪▪▪▪▪ ▪▪▪▪▪▪▪▪▪▪▪ ▪▪▪▪▪▪▪ ▪▪▪▪▪▪ ▪▪▪▪▪ ▪▪▪▪▪▪▪▪ ▪▪▪▪▪▪▪ ▪▪▪▪▪▪▪▪▪ ▪▪▪▪▪▪▪▪▪ ▪▪▪▪▪ ▪▪▪▪▪▪▪▪▪ ▪▪▪▪▪▪▪▪ ▪▪▪▪▪▪▪▪▪ ▪▪▪▪▪▪▪▪▪ ▪▪▪▪▪▪▪▪▪ ▪▪▪▪▪▪▪▪▪ ▪▪▪▪▪▪▪▪▪▪ ▪▪▪▪▪▪▪▪▪ ▪▪▪▪▪▪▪▪▪ ▪▪▪▪▪▪▪▪▪ ▪▪▪▪▪▪▪ ▪▪▪▪▪ ▪▪▪▪▪▪ ▪▪▪ ▪▪▪▪▪▪▪ ▪▪▪▪▪▪▪ ▪▪▪▪▪▪▪▪▪ ▪▪▪▪▪ ▪▪▪▪▪▪▪ ▪▪▪▪▪▪▪▪ ▪▪▪▪▪▪▪▪▪▪▪ ▪▪▪▪▪▪▪▪▪ ▪▪▪▪▪▪ ▪▪▪ ▪▪▪▪▪▪ ▪▪▪▪▪▪▪▪▪ ▪▪▪▪▪▪▪▪▪ ▪▪▪▪▪▪▪ ▪▪▪▪▪▪▪▪ ▪▪▪ ▪▪▪▪▪▪ ▪▪▪▪▪ ▪▪▪ ▪▪▪▪▪ ▪▪▪▪▪▪▪▪▪ ▪▪▪▪▪▪▪▪▪▪ ▪▪▪▪▪▪ ▪▪▪▪▪▪▪▪▪ ▪▪▪▪▪▪▪▪▪ ▪▪▪▪▪▪ ▪▪▪▪▪▪▪▪▪▪ ▪▪▪▪▪▪▪ ▪▪▪▪▪▪▪▪▪▪ ▪▪▪▪▪▪▪▪▪ ▪▪▪▪▪▪▪▪▪▪ ▪▪▪▪▪▪▪▪▪▪ ▪▪▪▪▪▪▪▪▪▪ ▪▪▪▪▪▪▪▪ ▪▪▪▪▪▪▪▪ ▪▪▪▪▪▪ ▪▪▪▪▪▪▪▪▪▪ ▪▪▪▪▪▪ ▪▪▪ ▪▪▪▪▪▪ ▪▪▪▪▪▪▪▪ ▪▪▪▪▪▪▪ ▪▪▪▪▪▪▪▪ ▪▪▪▪▪▪▪ ▪▪▪▪▪▪▪▪▪ ▪▪▪▪▪▪▪ ▪▪▪▪▪▪ ▪▪▪▪▪▪▪▪▪▪ ▪▪▪▪▪▪▪ ▪▪▪▪▪▪▪▪▪▪▪ ▪▪▪▪▪▪▪▪▪▪ ▪▪▪ ▪▪▪ ▪▪▪▪▪▪▪▪▪▪ ▪▪▪▪▪▪▪ ▪▪▪▪▪▪ ▪▪▪▪▪▪▪ ▪▪▪▪▪ ▪▪▪ ▪▪▪▪▪▪▪▪▪ ▪▪▪▪▪▪▪▪▪ ▪▪▪▪▪ ▪▪▪▪▪▪▪ ▪▪▪▪▪▪▪▪▪ ▪▪▪ ▪▪▪▪▪▪▪▪▪▪ ▪▪▪▪▪▪▪▪▪ ▪▪▪▪▪▪▪▪ ▪▪▪▪▪▪▪▪▪▪ ▪▪▪▪▪▪▪ ▪▪▪▪▪▪▪▪▪▪ ▪▪▪▪▪▪▪▪ ▪▪▪▪▪▪▪▪ ▪▪▪▪▪▪▪ ▪▪▪▪▪▪▪▪▪▪ ▪▪▪▪▪▪ ▪▪▪▪▪▪ ▪▪▪▪▪▪ ▪▪▪▪▪ ▪▪▪▪▪▪▪▪▪▪
AWFUL ATROCITIES.
WHOLESALE MURDER AND PILLAGE.
STORIES OF CRUELTY.
Received April 19, 10.33 a.m.
PORT DARWIN, April 19.

News by the Eastern mail gives some details of the taking of the Chinese city Lwai-nan-tsien by robbers.

▪▪▪▪▪▪▪ ▪▪▪▪▪▪▪ ▪▪▪▪▪▪ ▪▪▪▪▪▪▪▪▪ ▪▪▪▪▪▪▪▪▪ ▪▪▪▪▪▪▪▪▪▪▪ ▪▪▪▪▪▪▪▪▪▪ ▪▪▪▪▪▪▪▪ ▪▪▪▪▪▪▪▪▪▪ ▪▪▪▪▪▪ ▪▪▪▪▪▪ ▪▪▪▪▪▪▪ ▪▪▪▪▪▪▪▪▪▪▪ ▪▪▪▪▪▪▪ ▪▪▪▪▪▪▪▪▪▪ ▪▪▪▪▪▪▪ ▪▪▪▪▪▪▪ ▪▪▪▪▪▪▪ ▪▪▪▪▪▪▪▪▪ ▪▪▪▪▪▪▪ ▪▪▪▪▪▪▪ ▪▪▪▪▪▪▪▪▪ ▪▪▪▪▪▪▪▪▪ ▪▪▪▪▪▪▪▪▪▪ ▪▪▪▪▪▪▪ ▪▪▪▪▪▪▪ ▪▪▪▪▪▪ ▪▪▪▪▪ ▪▪▪▪▪▪▪ ▪▪▪▪▪▪▪▪▪ ▪▪▪▪▪▪▪▪ ▪▪▪▪▪▪▪ ▪▪▪▪▪▪▪ ▪▪▪▪▪ ▪▪▪▪▪▪▪ ▪▪▪▪▪▪▪▪▪ ▪▪▪▪▪▪▪▪▪ ▪▪▪▪▪▪▪▪▪▪▪ ▪▪▪▪▪▪▪▪▪▪ ▪▪▪▪▪ ▪▪▪▪▪▪ ▪▪▪▪▪▪▪ ▪▪▪▪▪▪▪▪▪ ▪▪▪▪▪▪▪▪▪ ▪▪▪▪▪▪▪ ▪▪▪▪▪▪▪ ▪▪▪▪▪▪▪ ▪▪▪▪▪▪▪▪▪▪ ▪▪▪▪▪▪▪▪▪▪▪ ▪▪▪▪▪▪▪▪▪▪ ▪▪▪▪▪▪▪ ▪▪▪▪▪ ▪▪▪▪▪▪▪▪▪▪▪ ▪▪▪▪▪▪▪ ▪▪▪▪▪▪ ▪▪▪▪▪▪▪▪▪ ▪▪▪▪▪▪▪ ▪▪▪▪▪ ▪▪▪▪▪▪▪▪▪ ▪▪▪▪▪▪▪▪▪ ▪▪▪▪▪▪▪▪▪ ▪▪▪▪▪▪▪▪▪▪ ▪▪▪▪▪▪ ▪▪▪▪▪▪▪ ▪▪▪▪▪▪▪▪▪▪ ▪▪▪▪▪▪ ▪▪▪▪▪▪▪▪▪▪ ▪▪▪▪▪▪▪▪▪▪▪ ▪▪▪▪▪▪▪▪▪▪ ▪▪▪▪▪▪▪ ▪▪▪▪▪▪▪ ▪▪▪▪▪▪▪ ▪▪▪▪▪▪ ▪▪▪▪▪▪▪▪▪▪ ▪▪▪▪▪▪▪▪▪▪ ▪▪▪▪▪▪▪▪▪ ▪▪▪▪▪▪▪ ▪▪▪▪▪▪▪▪▪▪▪ ▪▪▪▪▪ ▪▪▪▪▪▪▪▪▪ ▪▪▪▪▪▪▪ ▪▪▪▪▪▪▪▪▪ ▪▪▪▪▪▪▪▪▪ ▪▪▪▪▪▪ ▪▪▪▪▪▪▪ ▪▪▪▪▪▪▪ ▪▪▪▪▪▪ ▪▪▪▪▪▪▪ ▪▪▪▪▪▪▪ ▪▪▪▪▪▪ ▪▪▪▪▪▪▪▪▪ ▪▪▪▪▪▪▪ ▪▪▪▪▪ ▪▪▪▪▪▪▪ ▪▪▪▪▪▪▪▪▪ ▪▪▪▪▪▪▪▪▪ ▪▪▪▪▪▪▪▪▪ ▪▪▪▪▪▪▪▪▪ ▪▪▪▪▪▪ ▪▪▪▪▪▪▪▪▪▪▪ ▪▪▪▪▪ ▪▪▪▪▪▪ ▪▪▪▪▪▪▪▪▪ ▪▪▪▪▪▪▪ ▪▪▪ ▪▪▪▪▪▪▪▪▪ ▪▪▪▪▪▪ ▪▪▪▪▪ ▪▪▪▪▪▪▪▪ ▪▪▪▪▪▪▪ ▪▪▪▪▪▪▪ ▪▪▪▪▪▪▪▪ ▪▪▪▪▪▪ ▪▪▪▪▪▪▪▪▪▪▪ ▪▪▪▪▪▪▪ ▪▪▪▪▪▪ ▪▪▪▪▪ ▪▪▪▪▪▪▪▪▪ ▪▪▪▪▪▪ ▪▪▪▪▪▪▪ ▪▪▪▪▪▪▪▪▪▪▪ ▪▪▪▪▪▪▪▪▪▪▪ ▪▪▪▪▪▪ ▪▪▪▪▪▪ ▪▪▪▪▪▪ ▪▪▪▪▪▪▪▪▪▪ ▪▪▪▪▪▪▪ ▪▪▪▪▪▪▪▪▪▪ ▪▪▪▪▪▪▪ ▪▪▪▪▪▪▪ ▪▪▪ ▪▪▪▪▪▪▪▪▪ ▪▪▪ ▪▪▪▪▪▪▪ ▪▪▪▪▪▪▪ ▪▪▪▪▪▪▪▪▪ ▪▪▪▪▪▪ ▪▪▪▪▪▪▪▪▪▪ ▪▪▪▪▪▪▪▪▪ ▪▪▪▪▪▪▪ ▪▪▪▪▪▪ ▪▪▪▪▪▪▪ ▪▪▪▪▪▪▪▪▪▪ ▪▪▪▪▪▪▪▪▪▪ ▪▪▪▪▪▪▪ ▪▪▪▪▪▪ ▪▪▪ ▪▪▪▪▪▪▪ ▪▪▪▪▪▪ ▪▪▪▪▪▪▪ ▪▪▪▪▪▪▪ ▪▪▪▪▪ ▪▪▪▪▪▪▪▪ ▪▪▪ ▪▪▪▪▪▪▪ ▪▪▪▪▪▪ ▪▪▪▪▪ ▪▪▪▪▪▪▪▪ ▪▪▪▪▪▪▪ ▪▪▪▪▪▪▪▪▪ ▪▪▪▪▪▪▪▪▪ ▪▪▪▪▪▪▪▪ ▪▪▪▪▪▪▪▪ ▪▪▪▪▪▪▪▪▪ ▪▪▪▪▪▪▪ ▪▪▪▪▪▪▪ ▪▪▪▪▪▪▪ ▪▪▪▪▪▪▪▪▪▪ ▪▪▪▪▪ ▪▪▪▪▪▪▪▪▪ ▪▪▪▪▪▪▪▪▪▪ ▪▪▪▪▪▪ ▪▪▪▪▪▪▪▪▪ ▪▪▪▪▪▪▪▪▪ ▪▪▪▪▪▪▪▪▪ ▪▪▪▪▪▪▪ ▪▪▪▪▪▪▪▪▪ ▪▪▪▪▪▪▪
SAD SEQUEL TO A BOLT.
PAINTERS THROWN FROM THEIR LADDERS.
TWO KILLED.
▪▪▪▪▪ ▪▪▪▪▪▪ ▪▪▪▪▪ ▪▪▪▪▪▪ ▪▪▪▪▪▪▪ ▪▪▪▪▪▪▪ ▪▪▪▪▪▪▪ ▪▪▪▪▪▪▪▪▪▪▪ ▪▪▪▪▪▪▪ ▪▪▪▪▪ ▪▪▪▪▪▪▪ ▪▪▪▪▪▪▪ ▪▪▪▪▪▪▪ ▪▪▪▪▪▪▪ ▪▪▪▪▪▪▪ ▪▪▪▪▪▪▪ ▪▪▪▪▪▪▪ ▪▪▪▪▪▪▪ ▪▪▪▪▪▪▪ ▪▪▪▪▪▪ ▪▪▪ ▪▪▪▪▪▪▪▪▪ ▪▪▪▪▪▪▪▪▪ ▪▪▪▪▪▪▪ ▪▪▪▪▪▪▪ ▪▪▪▪▪▪▪▪ ▪▪▪▪▪▪▪ ▪▪▪▪▪▪▪ ▪▪▪▪▪▪▪▪▪ ▪▪▪▪▪▪▪▪▪ ▪▪▪▪▪▪▪ ▪▪▪▪▪▪▪▪ ▪▪▪▪▪▪▪ ▪▪▪▪▪▪▪ ▪▪▪▪▪▪▪ ▪▪▪▪▪▪▪▪ ▪▪▪▪▪▪▪▪▪▪ ▪▪▪▪▪▪▪ ▪▪▪▪▪▪▪▪▪ ▪▪▪▪▪▪▪ ▪▪▪▪▪▪▪ ▪▪▪▪▪▪▪ ▪▪▪▪▪▪ ▪▪▪▪▪▪▪▪▪▪▪ ▪▪▪▪▪▪▪ ▪▪▪▪▪ ▪▪▪▪▪▪▪▪▪ ▪▪▪▪▪▪▪ ▪▪▪▪▪▪▪▪▪ ▪▪▪▪▪▪▪ ▪▪▪▪▪ ▪▪▪▪▪ ▪▪▪▪▪▪▪▪▪ ▪▪▪▪▪▪ ▪▪▪▪▪▪▪ ▪▪▪▪▪▪▪▪▪ ▪▪▪▪▪▪ ▪▪▪ ▪▪▪▪▪▪▪ ▪▪▪▪▪▪ ▪▪▪▪▪▪▪▪ ▪▪▪▪▪▪▪▪▪▪ ▪▪▪▪▪▪▪▪ ▪▪▪▪▪▪ ▪▪▪▪▪▪▪ ▪▪▪▪▪▪▪▪▪ ▪▪▪▪▪ ▪▪▪▪▪▪▪ ▪▪▪▪▪▪
WIRELESS TELEGRAPHY.
COMMUNICATION WITH THE MAKURA.
▪▪▪▪▪ ▪▪▪ ▪▪▪▪▪▪▪▪▪ ▪▪▪▪▪▪▪▪▪ ▪▪▪▪▪▪▪ ▪▪▪▪▪▪▪ ▪▪▪▪▪▪▪ ▪▪▪▪▪▪ ▪▪▪▪▪▪▪ ▪▪▪▪▪▪▪ ▪▪▪▪▪▪▪ ▪▪▪▪▪▪▪▪▪▪ ▪▪▪▪▪▪▪ ▪▪▪▪▪▪▪▪▪▪ ▪▪▪▪▪▪ ▪▪▪▪▪ ▪▪▪▪▪ ▪▪▪▪▪ ▪▪▪▪▪▪ ▪▪▪ ▪▪▪▪▪▪▪ ▪▪▪▪▪▪▪ ▪▪▪▪▪▪ ▪▪▪▪▪▪▪ ▪▪▪▪▪ ▪▪▪▪▪ ▪▪▪ ▪▪▪▪▪▪▪ ▪▪▪▪▪▪▪▪▪ ▪▪▪▪▪▪ ▪▪▪▪▪▪▪ ▪▪▪▪▪▪▪▪▪▪ ▪▪▪▪▪▪▪ ▪▪▪ ▪▪▪▪▪▪ ▪▪▪▪▪▪▪▪▪▪ ▪▪▪▪▪▪▪▪ ▪▪▪▪▪▪▪▪▪ ▪▪▪▪▪▪▪▪▪▪ ▪▪▪▪▪▪▪ ▪▪▪▪▪▪▪ ▪▪▪▪▪▪▪
LORD DUDLEY'S BROTHER.
▪▪▪▪▪▪ ▪▪▪▪▪▪▪ ▪▪▪▪▪▪ ▪▪▪▪▪▪▪▪▪ ▪▪▪▪▪▪▪▪▪▪▪ ▪▪▪▪▪▪▪ ▪▪▪▪▪▪ ▪▪▪▪▪▪▪▪▪▪ ▪▪▪▪▪▪▪▪▪▪▪ ▪▪▪▪▪▪▪ ▪▪▪▪▪▪▪ ▪▪▪▪▪▪▪ ▪▪▪▪▪▪▪▪▪▪ ▪▪▪▪▪▪▪ ▪▪▪▪▪▪▪▪▪ ▪▪▪▪▪ ▪▪▪▪▪▪▪▪▪ ▪▪▪▪▪▪▪ ▪▪▪▪▪▪▪ ▪▪▪▪▪▪ ▪▪▪▪▪ ▪▪▪▪▪▪▪ ▪▪▪▪▪▪▪▪▪ ▪▪▪▪▪▪▪▪▪▪ ▪▪▪▪▪▪ ▪▪▪▪▪▪▪▪ ▪▪▪▪▪▪ ▪▪▪▪▪▪▪ ▪▪▪▪▪▪▪ ▪▪▪▪▪▪▪▪▪ ▪▪▪▪▪▪▪▪▪▪▪ ▪▪▪▪▪▪▪ ▪▪▪▪▪▪▪▪▪ ▪▪▪ ▪▪▪▪▪ ▪▪▪▪▪▪▪ ▪▪▪▪▪▪▪ ▪▪▪▪▪▪▪▪▪ ▪▪▪▪▪▪▪▪▪▪ ▪▪▪▪▪▪▪ ▪▪▪▪▪▪▪▪▪▪▪ ▪▪▪▪▪ ▪▪▪▪▪▪▪▪▪▪ ▪▪▪▪▪▪▪ ▪▪▪▪▪▪▪▪▪▪ ▪▪▪▪▪▪▪▪▪ ▪▪▪▪▪▪▪▪▪ ▪▪▪▪▪▪▪▪ ▪▪▪▪▪▪ ▪▪▪▪▪▪▪▪▪ ▪▪▪▪▪▪▪ ▪▪▪▪▪▪▪▪▪ ▪▪▪▪▪▪ ▪▪▪▪▪▪▪ ▪▪▪▪▪▪▪ ▪▪▪▪▪▪▪ ▪▪▪▪▪▪ ▪▪▪▪▪ ▪▪▪ ▪▪▪▪▪▪▪▪▪ ▪▪▪▪▪▪ ▪▪▪▪▪▪▪ ▪▪▪▪▪▪ ▪▪▪▪▪▪▪▪▪ ▪▪▪▪▪▪▪▪▪ ▪▪▪▪▪
KITCHENER IN NEW YORK.
PRAISE OF THE AMERICAN FLEET.
WESTPOINT AS A MODEL FOR NEW ZEALAND.
▪▪▪▪▪▪▪▪▪ ▪▪▪▪▪▪▪ ▪▪▪▪▪▪ ▪▪▪▪▪ ▪▪▪▪▪▪▪ ▪▪▪▪▪ ▪▪▪▪▪▪▪ ▪▪▪▪▪▪▪▪▪ ▪▪▪▪▪ ▪▪▪▪▪▪▪▪▪▪ ▪▪▪▪▪▪▪ ▪▪▪▪▪▪▪ ▪▪▪▪▪▪▪ ▪▪▪▪▪ ▪▪▪▪▪▪▪▪▪ ▪▪▪▪▪▪▪ ▪▪▪▪▪ ▪▪▪▪▪▪▪▪ ▪▪▪▪▪▪ ▪▪▪▪▪▪▪▪▪▪ ▪▪▪▪▪▪▪ ▪▪▪▪▪▪ ▪▪▪▪▪▪▪ ▪▪▪▪▪▪▪▪ ▪▪▪▪▪▪▪▪▪ ▪▪▪▪▪▪▪ ▪▪▪▪▪▪ ▪▪▪▪▪▪▪▪▪▪ ▪▪▪▪▪▪▪▪▪▪ ▪▪▪▪▪▪▪ ▪▪▪▪▪▪ ▪▪▪▪▪▪▪ ▪▪▪▪▪▪▪▪▪ ▪▪▪▪▪▪▪ ▪▪▪▪▪▪ ▪▪▪▪▪ ▪▪▪▪▪▪▪▪▪ ▪▪▪▪▪▪ ▪▪▪▪▪▪▪▪▪ ▪▪▪▪▪▪▪ ▪▪▪▪▪▪▪▪ ▪▪▪▪▪▪▪▪▪ ▪▪▪▪▪▪ ▪▪▪▪▪▪▪▪ ▪▪▪▪▪▪▪▪▪ ▪▪▪▪▪▪▪ ▪▪▪▪▪▪▪▪▪▪▪ ▪▪▪ ▪▪▪▪▪▪▪ ▪▪▪▪▪▪ ▪▪▪▪▪▪▪▪ ▪▪▪▪▪▪ ▪▪▪▪▪▪▪▪▪ ▪▪▪▪▪▪ ▪▪▪▪▪▪ ▪▪▪ ▪▪▪▪▪ ▪▪▪▪▪▪▪▪▪▪▪ ▪▪▪▪▪▪ ▪▪▪▪▪▪ ▪▪▪▪▪▪▪ ▪▪▪▪▪▪▪ ▪▪▪▪▪▪▪▪▪ ▪▪▪▪▪▪▪▪▪▪ ▪▪▪▪▪▪▪▪ ▪▪▪▪▪ ▪▪▪▪▪▪▪▪ ▪▪▪▪▪▪▪▪▪ ▪▪▪▪▪▪▪▪▪▪ ▪▪▪▪▪▪▪▪▪▪ ▪▪▪▪▪▪ ▪▪▪▪▪▪▪ ▪▪▪▪▪▪▪ ▪▪▪▪▪▪▪▪▪▪ ▪▪▪▪▪▪ ▪▪▪▪▪▪ ▪▪▪▪▪ ▪▪▪▪▪▪▪▪▪ ▪▪▪▪▪▪▪ ▪▪▪▪▪ ▪▪▪▪▪▪ ▪▪▪▪▪▪▪▪▪ ▪▪▪▪▪▪▪▪▪▪▪ ▪▪▪▪▪▪▪▪ ▪▪▪▪▪▪▪ ▪▪▪▪▪▪▪▪▪ ▪▪▪▪▪▪ ▪▪▪▪▪▪ ▪▪▪▪▪▪▪▪▪ ▪▪▪ ▪▪▪▪▪▪▪ ▪▪▪▪▪▪▪ ▪▪▪ ▪▪▪▪▪▪▪▪▪ ▪▪▪▪▪▪▪▪▪▪ ▪▪▪▪▪▪ ▪▪▪▪▪▪ ▪▪▪▪▪▪ ▪▪▪▪▪▪▪▪ ▪▪▪▪▪▪▪▪▪▪▪ ▪▪▪▪▪▪▪▪▪▪ ▪▪▪▪▪▪▪▪▪ ▪▪▪▪▪▪▪▪▪ ▪▪▪▪▪▪▪▪▪▪ ▪▪▪▪▪▪▪▪▪ ▪▪▪▪▪▪▪ ▪▪▪▪▪▪▪▪▪▪ ▪▪▪▪▪ ▪▪▪▪▪▪▪ ▪▪▪▪▪▪▪ ▪▪▪▪▪▪▪▪▪▪▪
THE MEDITERRANEAN COMMAND.
DENIAL BY THE FIELD-MARSHAL.
▪▪▪▪▪▪ ▪▪▪▪▪▪▪ ▪▪▪▪▪▪▪ ▪▪▪▪▪ ▪▪▪▪▪▪▪ ▪▪▪▪▪▪▪ ▪▪▪▪▪▪▪ ▪▪▪▪▪▪▪ ▪▪▪▪▪▪▪ ▪▪▪▪▪▪▪ ▪▪▪▪▪▪▪▪▪ ▪▪▪▪▪▪ ▪▪▪▪▪▪▪ ▪▪▪▪▪▪▪ ▪▪▪ ▪▪▪▪▪▪▪ ▪▪▪▪▪▪▪ ▪▪▪▪▪▪▪▪▪ ▪▪▪▪▪ ▪▪▪▪▪▪▪▪ ▪▪▪▪▪▪▪▪▪▪ ▪▪▪▪▪▪▪ ▪▪▪▪▪▪▪ ▪▪▪▪▪▪▪ ▪▪▪▪▪▪▪ ▪▪▪ ▪▪▪▪▪▪▪▪▪▪ ▪▪▪▪▪▪▪▪▪▪ ▪▪▪▪▪▪ ▪▪▪ ▪▪▪▪▪▪▪ ▪▪▪▪▪▪▪▪▪ ▪▪▪▪▪▪▪ ▪▪▪▪▪▪ ▪▪▪▪▪▪▪ ▪▪▪▪▪ ▪▪▪▪▪▪▪▪▪ ▪▪▪▪▪▪ ▪▪▪▪▪▪▪▪▪▪ ▪▪▪▪▪▪▪▪▪ ▪▪▪▪▪▪▪ ▪▪▪▪▪▪▪▪ ▪▪▪ ▪▪▪▪▪▪▪▪▪▪▪ ▪▪▪▪▪▪▪▪▪ ▪▪▪▪▪▪▪ ▪▪▪▪▪▪▪▪▪▪▪ ▪▪▪▪▪▪ ▪▪▪▪▪▪ ▪▪▪▪▪▪▪▪ ▪▪▪▪▪▪▪▪ ▪▪▪▪▪▪▪▪▪ ▪▪▪▪▪▪▪▪▪▪ ▪▪▪▪▪▪▪▪▪ ▪▪▪▪▪▪▪▪▪ ▪▪▪▪▪▪▪▪▪▪ ▪▪▪▪▪▪▪▪▪▪ ▪▪▪ ▪▪▪▪▪▪▪▪▪▪ ▪▪▪▪▪▪▪ ▪▪▪▪▪▪▪ ▪▪▪▪▪▪▪▪▪ ▪▪▪▪▪▪ ▪▪▪▪▪▪▪▪▪▪▪ ▪▪▪▪▪ ▪▪▪▪▪▪▪ ▪▪▪▪▪▪▪
GREAT MASTERS.
A FRENCH SENSATION.
ALLEGED FORGERIES.
Received April 19, 10.6 a.m.
PARIS, April 18.

The Count and Countess Aulby Deglatigny, well-known French aristocrats, have been arrested at Tours.

▪▪▪▪▪▪▪▪ ▪▪▪▪▪▪▪ ▪▪▪▪▪▪▪▪ ▪▪▪▪▪▪▪▪ ▪▪▪▪▪▪ ▪▪▪▪▪▪▪ ▪▪▪▪▪▪ ▪▪▪▪▪▪ ▪▪▪▪▪▪▪▪▪ ▪▪▪▪▪▪▪▪▪ ▪▪▪▪▪▪▪▪▪ ▪▪▪▪▪▪ ▪▪▪▪▪▪▪▪▪▪▪ ▪▪▪▪▪▪▪▪▪ ▪▪▪▪▪▪▪ ▪▪▪▪▪▪ ▪▪▪▪▪▪▪ ▪▪▪▪▪▪▪▪ ▪▪▪▪▪▪▪▪▪ ▪▪▪ ▪▪▪▪▪▪ ▪▪▪▪▪▪ ▪▪▪▪▪▪▪ ▪▪▪▪▪▪▪ ▪▪▪▪▪▪▪▪▪ ▪▪▪ ▪▪▪▪▪▪▪ ▪▪▪▪▪▪▪ ▪▪▪▪▪▪▪▪▪▪ ▪▪▪▪▪▪▪▪▪ ▪▪▪ ▪▪▪▪▪▪ ▪▪▪▪▪▪ ▪▪▪▪▪▪ ▪▪▪▪▪▪▪ ▪▪▪▪▪▪▪▪ ▪▪▪▪▪▪ ▪▪▪▪▪▪▪▪ ▪▪▪▪▪▪▪ ▪▪▪▪▪▪▪▪▪▪ ▪▪▪ ▪▪▪▪▪▪▪▪▪▪ ▪▪▪▪▪▪▪▪▪ ▪▪▪▪▪▪ ▪▪▪▪▪▪▪▪ ▪▪▪▪▪▪▪ ▪▪▪▪▪▪▪ ▪▪▪▪▪▪▪ ▪▪▪▪▪▪▪ ▪▪▪▪▪ ▪▪▪▪▪▪ ▪▪▪▪▪▪▪ ▪▪▪▪▪▪ ▪▪▪▪▪▪▪▪▪ ▪▪▪▪▪▪ ▪▪▪ ▪▪▪▪▪▪▪▪▪ ▪▪▪▪▪▪▪ ▪▪▪▪▪▪▪ ▪▪▪▪▪▪▪▪▪▪▪ ▪▪▪▪▪▪▪ ▪▪▪▪▪▪▪▪▪▪ ▪▪▪▪▪▪▪▪▪▪ ▪▪▪▪▪▪▪ ▪▪▪▪▪▪ ▪▪▪▪▪▪▪▪▪▪ ▪▪▪▪▪▪▪▪▪▪ ▪▪▪▪▪▪▪▪▪ ▪▪▪▪▪▪▪ ▪▪▪▪▪▪▪▪▪ ▪▪▪▪▪▪▪▪ ▪▪▪▪▪▪▪ ▪▪▪▪▪▪▪▪▪▪ ▪▪▪▪▪▪▪ ▪▪▪▪▪▪▪ ▪▪▪▪▪▪▪▪▪ ▪▪▪▪▪▪▪▪▪ ▪▪▪▪▪▪ ▪▪▪▪▪▪▪ ▪▪▪▪▪▪▪ ▪▪▪▪▪▪▪▪ ▪▪▪▪▪▪ ▪▪▪▪▪▪▪ ▪▪▪▪▪▪▪
MISSING WARATAH.
FURTHER REMARKABLE EVIDENCE.
VESSEL COULD NOT RIDE A SEA.
BADLY RIGGED AND UNSTEADY.
▪▪▪▪▪▪▪▪▪▪▪ ▪▪▪▪▪▪▪▪▪▪ ▪▪▪▪▪▪ ▪▪▪▪▪▪▪ ▪▪▪▪▪▪▪ ▪▪▪▪▪▪▪▪▪ ▪▪▪▪▪▪▪ ▪▪▪▪▪▪▪▪ ▪▪▪▪▪▪▪ ▪▪▪▪▪▪▪ ▪▪▪▪▪▪▪▪▪ ▪▪▪▪▪▪▪ ▪▪▪▪▪▪▪▪▪ ▪▪▪▪▪▪ ▪▪▪▪▪▪ ▪▪▪▪▪▪▪ ▪▪▪▪▪▪▪ ▪▪▪▪▪▪▪▪▪▪ ▪▪▪▪▪▪▪▪ ▪▪▪▪▪▪▪ ▪▪▪▪▪ ▪▪▪▪▪▪▪ ▪▪▪▪▪▪▪▪▪▪ ▪▪▪▪▪▪ ▪▪▪▪▪▪▪ ▪▪▪▪▪▪▪ ▪▪▪▪▪▪▪▪▪ ▪▪▪▪▪▪▪ ▪▪▪▪▪▪ ▪▪▪▪▪ ▪▪▪▪▪▪▪▪▪▪ ▪▪▪▪▪ ▪▪▪▪▪ ▪▪▪▪▪▪▪ ▪▪▪▪▪▪▪▪ ▪▪▪▪▪▪▪ ▪▪▪▪▪▪▪▪▪▪▪ ▪▪▪▪▪▪▪▪▪ ▪▪▪▪▪▪▪ ▪▪▪ ▪▪▪▪▪▪▪▪▪ ▪▪▪▪▪▪▪▪▪▪ ▪▪▪▪▪▪▪ ▪▪▪▪▪▪▪▪▪ ▪▪▪▪▪▪▪▪ ▪▪▪▪▪▪▪▪▪ ▪▪▪▪▪▪▪ ▪▪▪▪▪ ▪▪▪▪▪▪ ▪▪▪▪▪▪ ▪▪▪▪▪▪▪▪▪▪ ▪▪▪▪▪▪▪ ▪▪▪▪▪▪▪▪▪▪ ▪▪▪▪▪▪▪▪▪ ▪▪▪▪▪▪▪▪▪▪ ▪▪▪▪▪▪ ▪▪▪▪▪▪▪▪ ▪▪▪▪▪▪▪▪▪▪▪ ▪▪▪▪▪▪▪▪▪▪ ▪▪▪▪▪▪▪ ▪▪▪▪▪▪▪▪▪ ▪▪▪▪▪▪▪ ▪▪▪▪▪▪▪▪ ▪▪▪▪▪▪▪▪ ▪▪▪▪▪ ▪▪▪▪▪▪▪▪▪ ▪▪▪▪▪▪▪▪▪ ▪▪▪ ▪▪▪▪▪▪▪ ▪▪▪▪▪▪▪▪▪ ▪▪▪▪▪▪ ▪▪▪▪▪▪▪ ▪▪▪▪▪▪▪ ▪▪▪▪▪▪▪▪ ▪▪▪▪▪▪▪▪ ▪▪▪▪▪▪▪▪▪ ▪▪▪▪▪▪▪ ▪▪▪▪▪▪▪ ▪▪▪▪▪▪▪▪▪▪ ▪▪▪▪▪▪▪▪▪ ▪▪▪▪▪▪▪▪▪ ▪▪▪▪▪▪▪▪ ▪▪▪▪▪▪▪▪▪ ▪▪▪▪▪▪▪▪▪ ▪▪▪▪▪▪▪ ▪▪▪▪▪▪▪▪▪▪▪ ▪▪▪ ▪▪▪▪▪ ▪▪▪▪▪ ▪▪▪▪▪▪▪ ▪▪▪ ▪▪▪▪▪▪▪ ▪▪▪▪▪▪▪▪▪ ▪▪▪▪▪▪▪▪▪▪▪ ▪▪▪▪▪▪▪▪▪▪▪ ▪▪▪▪▪▪▪▪▪▪ ▪▪▪▪▪▪ ▪▪▪▪▪▪▪ ▪▪▪▪▪▪▪ ▪▪▪▪▪▪▪▪▪ ▪▪▪▪▪▪▪ ▪▪▪▪▪ ▪▪▪▪▪▪▪ ▪▪▪▪▪▪▪▪▪▪▪ ▪▪▪▪▪▪▪▪▪ ▪▪▪▪▪▪▪ ▪▪▪▪▪▪▪▪▪▪ ▪▪▪▪▪▪▪▪ ▪▪▪▪▪▪▪▪▪▪▪ ▪▪▪▪▪▪▪▪▪▪ ▪▪▪▪▪▪▪ ▪▪▪▪▪▪▪▪▪ ▪▪▪▪▪▪▪▪▪ ▪▪▪▪▪▪▪▪▪ ▪▪▪▪▪▪ ▪▪▪▪▪▪▪ ▪▪▪▪▪ ▪▪▪▪▪▪▪ ▪▪▪▪▪▪▪ ▪▪▪▪▪▪ ▪▪▪▪▪▪ ▪▪▪▪▪▪▪▪ ▪▪▪▪▪▪ ▪▪▪▪▪▪ ▪▪▪▪▪▪▪▪▪ ▪▪▪▪▪▪▪ ▪▪▪▪▪▪▪▪▪ ▪▪▪ ▪▪▪ ▪▪▪▪▪▪▪ ▪▪▪▪▪▪▪ ▪▪▪▪▪▪▪▪▪▪▪ ▪▪▪▪▪▪▪ ▪▪▪▪▪▪ ▪▪▪▪▪▪ ▪▪▪▪▪▪▪ ▪▪▪▪▪▪▪▪▪▪ ▪▪▪▪▪▪▪ ▪▪▪▪▪▪ ▪▪▪▪▪▪▪ ▪▪▪▪▪▪ ▪▪▪▪▪▪▪▪▪ ▪▪▪▪▪▪▪ ▪▪▪▪▪ ▪▪▪▪▪▪▪▪▪ ▪▪▪▪▪▪▪▪▪▪ ▪▪▪▪▪▪▪▪▪▪ ▪▪▪▪▪▪▪▪▪▪ ▪▪▪▪▪▪▪ ▪▪▪▪▪▪▪ ▪▪▪▪▪▪▪▪ ▪▪▪▪▪▪▪▪▪ ▪▪▪▪▪▪▪ ▪▪▪▪▪▪ ▪▪▪▪▪▪▪▪▪ ▪▪▪▪▪▪▪ ▪▪▪▪▪▪▪▪▪▪ ▪▪▪▪▪▪▪ ▪▪▪▪▪▪▪▪▪▪▪ ▪▪▪▪▪▪▪▪▪ ▪▪▪▪▪▪▪ ▪▪▪▪▪▪▪▪▪ ▪▪▪ ▪▪▪▪▪▪▪ ▪▪▪▪▪▪▪▪▪▪ ▪▪▪▪▪▪▪▪ ▪▪▪▪▪▪▪▪▪▪ ▪▪▪▪▪▪▪ ▪▪▪▪▪▪▪▪▪▪ ▪▪▪▪▪▪▪▪▪ ▪▪▪▪▪▪▪▪▪ ▪▪▪▪▪▪▪ ▪▪▪▪▪▪▪ ▪▪▪▪▪▪ ▪▪▪▪▪▪▪▪▪ ▪▪▪▪▪▪▪▪▪ ▪▪▪▪▪ ▪▪▪▪▪▪▪ ▪▪▪▪▪▪▪▪▪ ▪▪▪▪▪▪▪▪▪▪ ▪▪▪▪▪▪▪ ▪▪▪▪▪▪▪▪▪ ▪▪▪▪▪▪ ▪▪▪▪▪ ▪▪▪▪▪▪▪ ▪▪▪▪▪ ▪▪▪▪▪▪ ▪▪▪▪▪▪▪▪▪ ▪▪▪▪▪▪▪ ▪▪▪▪▪▪▪▪▪▪ ▪▪▪▪▪▪▪▪▪ ▪▪▪▪▪▪▪▪▪▪ ▪▪▪▪▪▪▪▪ ▪▪▪▪▪ ▪▪▪▪▪▪▪ ▪▪▪▪▪▪▪▪▪ ▪▪▪▪▪▪▪▪▪ ▪▪▪▪▪▪▪ ▪▪▪▪▪▪▪▪▪▪ ▪▪▪▪▪▪▪▪▪▪ ▪▪▪▪▪▪▪ ▪▪▪ ▪▪▪▪▪▪▪▪▪ ▪▪▪▪▪▪▪ ▪▪▪▪▪▪▪▪▪ ▪▪▪▪▪▪▪ ▪▪▪▪▪ ▪▪▪▪▪▪ ▪▪▪▪▪▪▪ ▪▪▪▪▪▪ ▪▪▪▪▪▪ ▪▪▪▪▪▪▪▪▪▪ ▪▪▪▪▪▪▪▪▪▪ ▪▪▪▪▪▪▪ ▪▪▪▪▪▪ ▪▪▪▪▪▪ ▪▪▪▪▪▪▪▪▪ ▪▪▪▪▪ ▪▪▪▪▪▪ ▪▪▪▪▪▪▪ ▪▪▪▪▪ ▪▪▪▪▪▪ ▪▪▪▪▪ ▪▪▪▪▪▪ ▪▪▪▪▪▪▪▪▪ ▪▪▪▪▪▪▪▪ ▪▪▪▪▪▪▪▪▪▪▪ ▪▪▪▪▪ ▪▪▪▪▪▪▪▪▪▪ ▪▪▪▪▪▪ ▪▪▪▪▪▪ ▪▪▪▪▪▪ ▪▪▪▪▪▪ ▪▪▪▪▪ ▪▪▪▪▪▪▪▪ ▪▪▪▪▪▪▪ ▪▪▪▪▪▪▪ ▪▪▪▪▪▪▪▪ ▪▪▪▪▪▪▪ ▪▪▪▪▪▪▪▪▪ ▪▪▪▪▪▪▪▪ ▪▪▪▪▪▪▪▪▪ ▪▪▪▪▪▪▪▪▪▪ ▪▪▪▪▪▪▪▪▪▪ ▪▪▪▪▪▪▪ ▪▪▪▪▪▪▪▪▪▪ ▪▪▪▪▪▪▪ ▪▪▪▪▪▪▪▪▪ ▪▪▪▪▪▪▪▪▪ ▪▪▪▪▪ ▪▪▪▪▪▪▪▪▪▪▪ ▪▪▪▪▪▪▪▪▪▪ ▪▪▪▪▪▪▪▪▪ ▪▪▪▪▪▪▪ ▪▪▪▪▪▪ ▪▪▪▪▪▪▪ ▪▪▪▪▪ ▪▪▪▪▪▪▪▪▪ ▪▪▪▪▪▪▪▪▪▪ ▪▪▪▪▪▪▪▪▪ ▪▪▪▪▪▪ ▪▪▪▪▪▪▪ ▪▪▪▪▪▪ ▪▪▪▪▪▪▪▪▪ ▪▪▪▪▪▪▪▪▪ ▪▪▪▪▪▪▪ ▪▪▪▪▪▪ ▪▪▪▪▪▪▪▪ ▪▪▪▪▪▪▪▪▪ ▪▪▪▪▪▪ ▪▪▪▪▪▪▪▪▪▪
ARMED ALBANIANS.
TURKISH COMMANDER'S DIFFICULTIES.
▪▪▪▪▪▪▪ ▪▪▪▪▪▪▪▪▪ ▪▪▪▪▪▪▪▪▪ ▪▪▪▪▪ ▪▪▪▪▪▪ ▪▪▪▪▪▪ ▪▪▪▪▪▪▪ ▪▪▪▪▪▪ ▪▪▪▪▪▪▪ ▪▪▪▪▪▪ ▪▪▪▪▪▪▪ ▪▪▪▪▪▪▪▪▪▪ ▪▪▪▪▪▪▪ ▪▪▪ ▪▪▪▪▪▪▪▪▪▪▪ ▪▪▪▪▪▪ ▪▪▪▪▪▪▪▪▪ ▪▪▪▪▪▪▪ ▪▪▪▪▪▪▪▪▪ ▪▪▪▪▪ ▪▪▪ ▪▪▪▪▪▪▪▪▪ ▪▪▪▪▪▪▪▪▪▪ ▪▪▪▪▪▪▪▪▪▪▪ ▪▪▪▪▪ ▪▪▪▪▪▪▪ ▪▪▪▪▪▪▪ ▪▪▪▪▪▪ ▪▪▪▪▪▪ ▪▪▪▪▪▪▪ ▪▪▪▪▪▪▪ ▪▪▪▪▪▪ ▪▪▪▪▪ ▪▪▪▪▪▪▪ ▪▪▪▪▪ ▪▪▪ ▪▪▪▪▪ ▪▪▪▪▪ ▪▪▪▪▪▪▪▪▪ ▪▪▪▪▪▪ ▪▪▪▪▪▪ ▪▪▪▪▪▪▪▪▪▪ ▪▪▪▪▪▪▪▪▪▪ ▪▪▪▪▪▪▪ ▪▪▪▪▪▪▪ ▪▪▪▪▪▪▪▪ ▪▪▪▪▪▪▪▪▪ ▪▪▪▪▪▪▪ ▪▪▪▪▪▪▪ ▪▪▪▪▪▪▪ ▪▪▪▪▪▪▪▪▪ ▪▪▪▪▪▪▪▪▪ ▪▪▪▪▪▪▪▪▪▪▪ ▪▪▪▪▪▪▪▪▪ ▪▪▪▪▪▪ ▪▪▪▪▪▪▪ ▪▪▪▪▪▪▪ ▪▪▪▪▪▪▪ ▪▪▪▪▪▪▪▪ ▪▪▪▪▪▪▪ ▪▪▪▪▪ ▪▪▪▪▪▪▪▪▪▪▪ ▪▪▪▪▪▪▪▪▪▪ ▪▪▪▪▪▪▪▪▪▪ ▪▪▪▪▪▪▪▪▪▪▪ ▪▪▪▪▪▪▪▪▪ ▪▪▪▪▪▪▪▪ ▪▪▪▪▪▪▪ ▪▪▪▪▪▪▪ ▪▪▪▪▪▪▪ ▪▪▪▪▪▪ ▪▪▪▪▪▪▪▪▪ ▪▪▪▪▪▪▪▪▪▪
AMUSEMENTS.
MISS AMY MURPHY.
▪▪▪▪▪ ▪▪▪▪▪▪ ▪▪▪▪▪▪ ▪▪▪▪▪▪ ▪▪▪▪▪▪▪ ▪▪▪▪▪▪▪ ▪▪▪▪▪▪▪ ▪▪▪▪▪▪▪▪ ▪▪▪▪▪▪▪▪▪▪ ▪▪▪▪▪▪▪▪▪ ▪▪▪▪▪▪▪▪▪ ▪▪▪▪▪▪▪▪▪▪ ▪▪▪▪▪▪▪▪▪▪ ▪▪▪▪▪▪▪▪▪▪ ▪▪▪▪▪▪ ▪▪▪▪▪▪▪▪▪ ▪▪▪▪▪▪▪▪▪ ▪▪▪▪▪▪▪ ▪▪▪▪▪▪▪▪▪ ▪▪▪▪▪▪▪▪▪▪ ▪▪▪▪▪▪▪ ▪▪▪▪▪▪▪ ▪▪▪▪▪▪▪▪▪ ▪▪▪▪▪ ▪▪▪▪▪▪▪ ▪▪▪▪▪▪ ▪▪▪▪▪▪▪▪▪ ▪▪▪▪▪▪▪▪▪ ▪▪▪▪▪▪ ▪▪▪▪▪▪ ▪▪▪▪▪▪▪▪▪ ▪▪▪▪▪▪▪▪▪ ▪▪▪▪▪▪▪▪▪ ▪▪▪▪▪▪ ▪▪▪ ▪▪▪▪▪▪▪▪▪ ▪▪▪▪▪▪▪ ▪▪▪▪▪▪▪ ▪▪▪▪▪▪ ▪▪▪▪▪▪▪▪▪▪▪ ▪▪▪▪▪▪▪▪▪ ▪▪▪▪▪▪▪▪▪ ▪▪▪▪▪▪▪ ▪▪▪▪▪▪▪▪▪▪ ▪▪▪▪▪ ▪▪▪▪▪ ▪▪▪▪▪▪▪▪ ▪▪▪▪▪▪▪▪▪ ▪▪▪▪▪▪▪▪▪ ▪▪▪▪▪▪ ▪▪▪▪▪▪▪▪▪▪ ▪▪▪▪▪▪▪ ▪▪▪▪▪▪▪ ▪▪▪▪▪▪▪▪▪▪ ▪▪▪▪▪▪▪▪▪▪ ▪▪▪▪▪▪▪▪▪▪ ▪▪▪▪▪▪▪▪▪▪ ▪▪▪▪▪▪▪ ▪▪▪▪▪▪▪▪▪ ▪▪▪▪▪ ▪▪▪▪▪▪▪▪▪▪ ▪▪▪▪▪▪▪ ▪▪▪▪▪▪▪▪▪▪▪ ▪▪▪▪▪ ▪▪▪▪▪▪▪ ▪▪▪▪▪▪▪ ▪▪▪▪▪▪▪ ▪▪▪▪▪▪▪▪▪ ▪▪▪▪▪▪ ▪▪▪▪▪▪ ▪▪▪▪▪▪▪ ▪▪▪▪▪▪ ▪▪▪▪▪▪▪ ▪▪▪▪▪▪▪ ▪▪▪▪▪▪▪▪▪▪ ▪▪▪▪▪ ▪▪▪▪▪▪▪ ▪▪▪▪▪▪▪ ▪▪▪▪▪▪▪ ▪▪▪▪▪▪ ▪▪▪▪▪▪▪ ▪▪▪▪▪▪▪ ▪▪▪▪▪▪▪▪ ▪▪▪▪▪▪▪▪ ▪▪▪▪▪▪▪▪▪▪ ▪▪▪▪▪ ▪▪▪▪▪▪▪▪ ▪▪▪▪▪▪▪▪ ▪▪▪▪▪▪▪▪▪ ▪▪▪▪▪▪▪ ▪▪▪▪▪▪▪▪▪▪ ▪▪▪▪▪▪ ▪▪▪ ▪▪▪▪▪▪▪▪▪▪ ▪▪▪▪▪▪ ▪▪▪▪▪ ▪▪▪▪▪ ▪▪▪▪▪ ▪▪▪▪▪ ▪▪▪▪▪▪▪▪▪▪ ▪▪▪▪▪▪▪ ▪▪▪▪▪▪▪ ▪▪▪▪▪ ▪▪▪▪▪▪▪ ▪▪▪▪▪▪▪▪ ▪▪▪▪▪▪▪ ▪▪▪▪▪▪▪▪ ▪▪▪▪▪ ▪▪▪▪▪▪▪ ▪▪▪▪▪▪▪▪▪▪ ▪▪▪▪▪▪▪ ▪▪▪▪▪▪ ▪▪▪▪▪▪▪ ▪▪▪▪▪▪ ▪▪▪▪▪ ▪▪▪▪▪▪▪ ▪▪▪▪▪▪▪▪▪ ▪▪▪▪▪▪▪ ▪▪▪▪▪▪▪▪▪▪▪ ▪▪▪▪▪▪▪ ▪▪▪▪▪ ▪▪▪▪▪ ▪▪▪▪▪▪ ▪▪▪▪▪▪▪▪▪▪ ▪▪▪▪▪▪▪▪▪ ▪▪▪▪▪ ▪▪▪▪▪▪▪▪▪ ▪▪▪▪▪▪ ▪▪▪▪▪▪▪▪▪ ▪▪▪▪▪▪▪ ▪▪▪▪▪▪▪▪▪ ▪▪▪▪▪▪▪ ▪▪▪▪▪▪▪▪▪ ▪▪▪▪▪▪▪▪▪ ▪▪▪▪▪▪▪ ▪▪▪▪▪▪▪ ▪▪▪▪▪▪▪ ▪▪▪▪▪ ▪▪▪▪▪▪▪▪▪ ▪▪▪▪▪▪ ▪▪▪▪▪▪▪▪▪▪ ▪▪▪▪▪▪▪▪▪▪ ▪▪▪▪▪▪▪ ▪▪▪▪▪▪▪ ▪▪▪▪▪▪ ▪▪▪▪▪▪▪ ▪▪▪▪▪▪▪▪ ▪▪▪▪▪▪▪▪▪ ▪▪▪▪▪▪▪ ▪▪▪▪▪▪▪▪▪▪ ▪▪▪▪▪▪▪▪▪ ▪▪▪▪▪▪▪▪ ▪▪▪▪▪▪▪ ▪▪▪▪▪▪▪ ▪▪▪▪▪▪ ▪▪▪▪▪▪ ▪▪▪▪▪▪ ▪▪▪▪▪▪▪▪▪▪ ▪▪▪▪▪▪▪▪▪ ▪▪▪ ▪▪▪▪▪▪▪ ▪▪▪▪▪▪▪ ▪▪▪▪▪▪▪ ▪▪▪▪▪▪ ▪▪▪▪▪▪▪▪ ▪▪▪ ▪▪▪▪▪▪▪ ▪▪▪▪▪▪▪ ▪▪▪▪▪ ▪▪▪▪▪▪▪▪ ▪▪▪▪▪▪▪▪▪▪ ▪▪▪▪▪▪▪▪▪▪▪ ▪▪▪▪▪ ▪▪▪▪▪▪▪▪▪ ▪▪▪▪▪▪▪▪▪▪ ▪▪▪▪▪▪ ▪▪▪▪▪▪▪ ▪▪▪▪▪▪▪ ▪▪▪ ▪▪▪▪▪▪▪ ▪▪▪▪▪▪▪▪▪ ▪▪▪▪▪▪▪ ▪▪▪▪▪▪▪
BRITISH POLITICS.
THE BUDGET.
MR ASQUITH ASKS THE COMMONS TO PASS IT.
Received April 19, 10.7 a.m.
LONDON, April 18.

The House was crowded when Mr Asquith stated that the House of Commons would be asked to sanction a Budget identical with that of 1909.

▪▪▪▪▪▪▪▪▪ ▪▪▪▪▪▪▪▪▪ ▪▪▪▪▪▪ ▪▪▪▪▪ ▪▪▪▪▪▪▪▪▪ ▪▪▪▪▪▪▪▪▪▪ ▪▪▪▪▪▪▪ ▪▪▪▪▪▪ ▪▪▪▪▪▪▪ ▪▪▪▪▪▪▪ ▪▪▪▪▪▪▪▪▪ ▪▪▪▪▪▪▪ ▪▪▪▪▪▪▪▪▪ ▪▪▪▪▪▪▪▪▪ ▪▪▪ ▪▪▪▪▪▪▪▪▪▪ ▪▪▪▪▪▪▪ ▪▪▪▪▪ ▪▪▪▪▪▪▪ ▪▪▪▪▪▪▪▪ ▪▪▪▪▪▪▪ ▪▪▪▪▪▪▪▪ ▪▪▪▪▪▪▪ ▪▪▪▪▪▪▪▪▪▪ ▪▪▪▪▪▪▪▪▪▪ ▪▪▪▪▪▪▪▪▪▪ ▪▪▪▪▪▪▪▪▪▪ ▪▪▪▪▪▪ ▪▪▪▪▪▪▪▪▪ ▪▪▪▪▪ ▪▪▪▪▪▪▪ ▪▪▪▪▪▪▪▪▪ ▪▪▪▪▪ ▪▪▪▪▪▪▪ ▪▪▪▪▪▪▪▪▪▪ ▪▪▪▪▪▪ ▪▪▪▪▪ ▪▪▪▪▪ ▪▪▪▪▪▪▪ ▪▪▪▪▪▪▪ ▪▪▪▪▪ ▪▪▪▪▪ ▪▪▪▪▪ ▪▪▪▪▪▪▪▪▪▪ ▪▪▪▪▪▪▪▪▪▪▪ ▪▪▪▪▪▪▪▪ ▪▪▪▪▪▪▪▪ ▪▪▪▪▪▪▪▪▪ ▪▪▪ ▪▪▪▪▪▪▪▪▪ ▪▪▪▪▪▪▪▪ ▪▪▪▪▪ ▪▪▪▪▪▪▪▪▪▪▪ ▪▪▪▪▪▪▪ ▪▪▪▪▪▪ ▪▪▪
NATIONALIST'S MEETING.
UNANIMOUS AGREEMENT
▪▪▪▪▪▪ ▪▪▪▪▪▪▪▪▪ ▪▪▪▪▪▪ ▪▪▪▪▪▪▪ ▪▪▪▪▪ ▪▪▪▪▪▪▪▪▪ ▪▪▪▪▪▪▪ ▪▪▪▪▪ ▪▪▪▪▪▪▪▪▪ ▪▪▪▪▪▪▪ ▪▪▪▪▪▪▪▪▪ ▪▪▪ ▪▪▪▪▪▪▪ ▪▪▪▪▪▪▪▪▪▪ ▪▪▪▪▪▪▪ ▪▪▪▪▪▪▪ ▪▪▪▪▪▪ ▪▪▪▪▪▪ ▪▪▪▪▪ ▪▪▪▪▪▪▪▪▪▪ ▪▪▪▪▪▪▪ ▪▪▪▪▪▪▪ ▪▪▪▪▪▪▪ ▪▪▪ ▪▪▪▪▪ ▪▪▪▪▪▪▪ ▪▪▪▪▪▪▪ ▪▪▪▪▪▪▪ ▪▪▪▪▪▪▪ ▪▪▪▪▪▪▪ ▪▪▪▪▪▪▪ ▪▪▪▪▪▪▪ ▪▪▪▪▪▪ ▪▪▪▪▪▪ ▪▪▪▪▪▪▪ ▪▪▪▪▪▪ ▪▪▪▪▪▪ ▪▪▪▪▪▪▪ ▪▪▪▪▪▪▪▪▪▪ ▪▪▪▪▪▪▪ ▪▪▪▪▪▪▪▪▪▪ ▪▪▪▪▪▪▪
INDEPENDENT IRISH PARTY.
WILL VOTE AGAINST THE BUDGET.
▪▪▪▪▪▪▪▪▪ ▪▪▪▪▪ ▪▪▪▪▪▪▪ ▪▪▪▪▪▪▪▪ ▪▪▪▪▪▪▪▪ ▪▪▪▪▪▪▪ ▪▪▪▪▪▪▪▪▪ ▪▪▪▪▪▪▪▪▪▪ ▪▪▪▪▪▪ ▪▪▪▪▪▪▪▪▪▪ ▪▪▪▪▪▪▪ ▪▪▪▪▪▪▪▪▪▪ ▪▪▪▪▪▪▪ ▪▪▪▪▪▪▪▪▪ ▪▪▪▪▪▪▪ ▪▪▪▪▪▪▪▪▪ ▪▪▪▪▪▪▪▪ ▪▪▪▪▪▪▪ ▪▪▪▪▪▪▪▪ ▪▪▪▪▪▪▪ ▪▪▪▪▪▪▪ ▪▪▪▪▪▪▪▪▪▪▪ ▪▪▪▪▪▪ ▪▪▪▪▪▪▪▪▪ ▪▪▪▪▪▪▪▪▪ ▪▪▪▪▪▪▪ ▪▪▪▪▪▪▪▪ ▪▪▪▪▪▪▪▪▪▪▪ ▪▪▪▪▪▪▪▪▪ ▪▪▪▪▪ ▪▪▪▪▪▪▪▪▪▪ ▪▪▪▪▪▪▪ ▪▪▪▪▪▪▪▪ ▪▪▪▪▪▪ ▪▪▪▪▪▪ ▪▪▪▪▪▪▪▪▪ ▪▪▪▪▪
MR ASQUITH AND MR REDMOND
STRAIGHT-OUT DENIAL.
▪▪▪▪▪▪▪▪▪▪ ▪▪▪▪▪▪▪▪ ▪▪▪▪▪▪▪▪▪▪▪ ▪▪▪▪▪▪▪▪ ▪▪▪▪▪▪ ▪▪▪▪▪▪ ▪▪▪▪▪▪ ▪▪▪▪▪▪▪ ▪▪▪▪▪▪▪ ▪▪▪▪▪▪▪▪▪▪ ▪▪▪▪▪▪▪ ▪▪▪▪▪▪ ▪▪▪▪▪▪▪ ▪▪▪▪▪▪▪▪▪▪ ▪▪▪▪▪▪▪▪▪ ▪▪▪▪▪▪▪▪▪▪ ▪▪▪▪▪▪▪ ▪▪▪▪▪▪▪▪▪▪ ▪▪▪▪▪▪▪ ▪▪▪▪▪▪ ▪▪▪▪▪▪▪▪ ▪▪▪▪▪ ▪▪▪▪▪▪▪▪▪ ▪▪▪▪▪▪▪▪▪ ▪▪▪▪▪▪▪▪ ▪▪▪▪▪▪▪ ▪▪▪▪▪▪▪▪▪ ▪▪▪▪▪▪ ▪▪▪▪▪▪ ▪▪▪▪▪▪ ▪▪▪▪▪▪ ▪▪▪▪▪▪▪ ▪▪▪▪▪▪▪▪▪ ▪▪▪▪▪▪▪ ▪▪▪▪▪▪ ▪▪▪▪▪▪ ▪▪▪▪▪▪▪▪▪ ▪▪▪▪▪▪▪ ▪▪▪▪▪▪▪ ▪▪▪▪▪▪▪ ▪▪▪▪▪▪▪ ▪▪▪▪▪ ▪▪▪▪▪▪▪ ▪▪▪▪▪▪▪ ▪▪▪▪▪▪▪ ▪▪▪▪▪▪ ▪▪▪▪▪▪▪▪▪ ▪▪▪▪▪▪▪ ▪▪▪▪▪▪▪ ▪▪▪▪▪ ▪▪▪▪▪▪ ▪▪▪▪▪▪▪▪▪ ▪▪▪▪▪▪▪▪▪ ▪▪▪▪▪▪▪ ▪▪▪▪▪▪▪▪▪▪ ▪▪▪▪▪▪▪ ▪▪▪▪▪▪ ▪▪▪▪▪ ▪▪▪▪▪▪▪ ▪▪▪▪▪ ▪▪▪▪▪▪▪ ▪▪▪▪▪▪▪▪ ▪▪▪▪▪▪▪▪▪ ▪▪▪▪▪▪▪ ▪▪▪▪▪▪▪ ▪▪▪▪▪▪ ▪▪▪▪▪▪▪ ▪▪▪▪▪ ▪▪▪▪▪▪▪▪▪▪ ▪▪▪▪▪▪▪▪▪▪ ▪▪▪▪▪▪▪▪▪▪ ▪▪▪▪▪▪▪▪▪ ▪▪▪▪▪▪ ▪▪▪▪▪▪▪▪▪▪ ▪▪▪▪▪▪ ▪▪▪▪▪▪ ▪▪▪ ▪▪▪▪▪▪▪ ▪▪▪▪▪▪▪ ▪▪▪▪▪▪▪ ▪▪▪▪▪▪▪ ▪▪▪▪▪▪▪▪ ▪▪▪▪▪▪▪ ▪▪▪▪▪▪▪▪▪
EXCITED COMMONERS.
MR O'BRIENS' INTERVIEW WITH MR LLOYD-GEORGE.
▪▪▪▪▪▪▪▪▪▪ ▪▪▪▪▪▪▪ ▪▪▪▪▪▪ ▪▪▪▪▪▪▪ ▪▪▪▪▪ ▪▪▪▪▪▪▪▪▪ ▪▪▪▪▪▪ ▪▪▪▪▪▪▪▪▪ ▪▪▪▪▪▪ ▪▪▪▪▪▪ ▪▪▪▪▪▪▪▪▪ ▪▪▪▪▪▪▪▪▪▪ ▪▪▪▪▪▪▪▪▪ ▪▪▪▪▪▪▪▪▪▪ ▪▪▪▪▪▪ ▪▪▪▪▪▪▪ ▪▪▪▪▪▪▪ ▪▪▪▪▪▪▪▪▪▪ ▪▪▪▪▪▪ ▪▪▪▪▪▪▪▪▪ ▪▪▪▪▪ ▪▪▪▪▪ ▪▪▪▪▪▪▪ ▪▪▪▪▪ ▪▪▪▪▪ ▪▪▪▪▪▪▪▪▪▪▪ ▪▪▪▪▪▪▪ ▪▪▪▪▪▪ ▪▪▪▪▪▪▪▪▪ ▪▪▪▪▪▪ ▪▪▪▪▪▪ ▪▪▪▪▪▪ ▪▪▪▪▪▪ ▪▪▪▪▪▪▪▪▪▪ ▪▪▪▪▪▪▪ ▪▪▪▪▪▪ ▪▪▪▪▪ ▪▪▪▪▪▪▪▪ ▪▪▪▪▪▪ ▪▪▪▪▪▪▪▪▪ ▪▪▪▪▪▪▪ ▪▪▪▪▪▪▪ ▪▪▪▪▪ ▪▪▪▪▪▪ ▪▪▪▪▪▪▪ ▪▪▪▪▪ ▪▪▪▪▪▪▪▪▪ ▪▪▪▪▪▪▪▪▪ ▪▪▪▪▪▪▪▪▪ ▪▪▪▪▪▪▪▪▪ ▪▪▪▪▪▪▪ ▪▪▪▪▪▪▪▪▪ ▪▪▪▪▪▪▪▪ ▪▪▪▪▪▪▪ ▪▪▪▪▪▪▪▪▪▪ ▪▪▪▪▪▪▪ ▪▪▪▪▪▪▪ ▪▪▪▪▪▪▪▪▪ ▪▪▪▪▪▪▪ ▪▪▪▪▪▪▪▪▪▪ ▪▪▪▪▪▪▪ ▪▪▪▪▪▪▪▪▪▪ ▪▪▪▪▪ ▪▪▪▪▪▪▪ ▪▪▪ ▪▪▪▪▪▪▪ ▪▪▪▪▪▪▪▪▪ ▪▪▪▪▪ ▪▪▪▪▪▪ ▪▪▪▪▪ ▪▪▪▪▪▪▪ ▪▪▪▪▪▪ ▪▪▪ ▪▪▪▪▪▪▪▪▪ ▪▪▪▪▪▪▪▪▪ ▪▪▪▪▪▪▪ ▪▪▪▪▪▪▪ ▪▪▪▪▪▪▪▪▪ ▪▪▪▪▪▪ ▪▪▪▪▪▪▪▪ ▪▪▪▪▪▪▪▪▪ ▪▪▪▪▪▪ ▪▪▪▪▪▪▪ ▪▪▪▪▪▪▪▪ ▪▪▪▪▪▪▪▪▪▪ ▪▪▪▪▪ ▪▪▪▪▪▪▪ ▪▪▪▪▪ ▪▪▪▪▪▪▪▪▪▪ ▪▪▪▪▪▪▪ ▪▪▪▪▪▪▪▪▪▪ ▪▪▪▪▪▪▪ ▪▪▪▪▪▪▪▪ ▪▪▪▪▪▪ ▪▪▪▪▪ ▪▪▪▪▪▪▪ ▪▪▪▪▪▪▪▪▪ ▪▪▪▪▪▪▪ ▪▪▪▪▪▪▪▪▪▪ ▪▪▪▪▪▪▪ ▪▪▪▪▪▪▪ ▪▪▪▪▪▪▪▪▪▪ ▪▪▪▪▪▪▪▪▪ ▪▪▪▪▪▪▪ ▪▪▪▪▪▪▪ ▪▪▪▪▪▪▪ ▪▪▪▪▪▪▪▪▪ ▪▪▪▪▪▪▪▪ ▪▪▪▪▪▪▪ ▪▪▪▪▪▪ ▪▪▪▪▪▪▪▪▪▪▪ ▪▪▪▪▪▪▪▪▪▪ ▪▪▪▪▪▪▪ ▪▪▪▪▪▪▪▪▪▪ ▪▪▪▪▪▪▪▪▪ ▪▪▪▪▪ ▪▪▪▪▪ ▪▪▪▪▪▪▪ ▪▪▪▪▪▪▪▪▪ ▪▪▪▪▪▪▪▪▪▪ ▪▪▪▪▪▪▪▪▪▪ ▪▪▪▪▪ ▪▪▪▪▪▪ ▪▪▪▪▪▪▪ ▪▪▪▪▪ ▪▪▪▪▪▪▪ ▪▪▪ ▪▪▪▪▪ ▪▪▪▪▪▪▪ ▪▪▪▪▪ ▪▪▪▪▪▪▪▪▪▪ ▪▪▪▪▪▪ ▪▪▪▪▪▪▪ ▪▪▪▪▪▪ ▪▪▪▪▪ ▪▪▪▪▪▪▪ ▪▪▪▪▪▪ ▪▪▪▪▪▪▪▪▪▪ ▪▪▪▪▪▪▪▪▪ ▪▪▪▪▪▪▪▪▪ ▪▪▪▪▪▪▪ ▪▪▪▪▪▪▪▪▪ ▪▪▪▪▪ ▪▪▪▪▪▪▪▪▪ ▪▪▪▪▪▪▪▪▪ ▪▪▪▪▪▪▪ ▪▪▪▪▪▪▪ ▪▪▪▪▪▪▪▪ ▪▪▪▪▪▪▪ ▪▪▪▪▪▪▪▪ ▪▪▪ ▪▪▪▪▪▪▪▪▪▪ ▪▪▪▪▪▪▪▪▪▪ ▪▪▪▪▪▪▪ ▪▪▪▪▪▪▪▪▪ ▪▪▪▪▪▪▪ ▪▪▪▪▪ ▪▪▪▪▪▪▪ ▪▪▪▪▪▪▪▪▪▪ ▪▪▪▪▪▪▪ ▪▪▪▪▪▪▪ ▪▪▪▪▪▪▪ ▪▪▪▪▪▪▪▪▪▪ ▪▪▪▪▪▪▪▪▪ ▪▪▪▪▪▪▪▪▪ ▪▪▪▪▪▪▪▪▪ ▪▪▪▪▪▪▪▪▪ ▪▪▪▪▪▪▪▪▪▪ ▪▪▪▪▪▪▪ ▪▪▪▪▪ ▪▪▪▪▪▪▪▪▪ ▪▪▪▪▪▪▪▪▪▪ ▪▪▪▪▪▪▪ ▪▪▪▪▪▪▪ ▪▪▪▪▪▪▪ ▪▪▪▪▪▪▪▪▪▪ ▪▪▪▪▪ ▪▪▪▪▪▪▪▪▪▪ ▪▪▪▪▪▪▪ ▪▪▪▪▪▪▪▪▪ ▪▪▪▪▪▪▪▪▪▪ ▪▪▪▪▪▪▪▪
THE RUBBER BOOM.
SCRAMBLE FOR SHARES.
▪▪▪▪▪▪▪▪ ▪▪▪▪▪ ▪▪▪▪▪▪▪ ▪▪▪▪▪▪▪▪▪▪ ▪▪▪▪▪▪ ▪▪▪▪▪▪▪ ▪▪▪▪▪▪▪▪ ▪▪▪▪▪▪▪▪▪▪▪ ▪▪▪▪▪▪ ▪▪▪▪▪▪▪▪▪ ▪▪▪▪▪▪ ▪▪▪▪▪▪▪ ▪▪▪▪▪▪▪▪▪▪ ▪▪▪▪▪▪▪ ▪▪▪▪▪▪▪▪▪▪▪ ▪▪▪▪▪▪▪ ▪▪▪▪▪▪ ▪▪▪▪▪▪▪▪ ▪▪▪▪▪ ▪▪▪▪▪ ▪▪▪▪▪▪▪ ▪▪▪▪▪ ▪▪▪▪▪▪▪▪▪ ▪▪▪▪▪▪ ▪▪▪▪▪▪▪ ▪▪▪▪▪▪▪ ▪▪▪▪▪▪▪▪ ▪▪▪▪▪ ▪▪▪▪▪▪▪ ▪▪▪▪▪▪▪ ▪▪▪▪▪▪ ▪▪▪▪▪▪▪ ▪▪▪▪▪▪▪▪▪ ▪▪▪▪▪▪▪▪▪ ▪▪▪▪▪▪▪▪ ▪▪▪▪▪▪▪▪▪ ▪▪▪ ▪▪▪▪▪▪▪▪▪ ▪▪▪▪▪ ▪▪▪▪▪▪ ▪▪▪▪▪ ▪▪▪▪▪▪▪▪▪▪ ▪▪▪▪▪▪▪▪▪▪ ▪▪▪▪▪▪▪▪▪ ▪▪▪▪▪▪▪▪▪ ▪▪▪▪▪ ▪▪▪▪▪▪ ▪▪▪▪▪▪▪▪▪ ▪▪▪▪▪▪▪ ▪▪▪▪▪▪ ▪▪▪▪▪▪▪ ▪▪▪▪▪▪▪▪▪▪ ▪▪▪▪▪▪▪ ▪▪▪▪▪▪▪ ▪▪▪▪▪▪▪ ▪▪▪▪▪▪▪▪▪▪ ▪▪▪▪▪▪▪▪▪ ▪▪▪▪▪▪▪▪▪▪ ▪▪▪▪▪▪▪▪▪ ▪▪▪▪▪▪▪▪▪▪ ▪▪▪▪▪▪▪ ▪▪▪▪▪▪▪ ▪▪▪▪▪▪▪▪▪ ▪▪▪▪▪▪▪▪▪ ▪▪▪▪▪▪ ▪▪▪▪▪▪▪▪▪▪▪ ▪▪▪▪▪▪▪▪▪ ▪▪▪ ▪▪▪▪▪▪▪▪▪▪ ▪▪▪▪▪▪▪ ▪▪▪▪▪▪▪ ▪▪▪▪▪ ▪▪▪▪▪▪▪ ▪▪▪▪▪▪▪ ▪▪▪▪▪▪▪▪▪ ▪▪▪▪▪▪▪ ▪▪▪▪▪▪▪▪▪▪▪ ▪▪▪ ▪▪▪▪▪▪ ▪▪▪▪▪▪▪▪▪ ▪▪▪▪▪▪▪▪▪ ▪▪▪▪▪▪▪ ▪▪▪▪▪▪▪
CANADIAN CHURCH FUND.
PRINCE OF WALES' DONATION.
▪▪▪▪▪▪▪ ▪▪▪▪▪▪▪▪▪ ▪▪▪▪▪▪ ▪▪▪▪▪▪▪ ▪▪▪▪▪▪▪ ▪▪▪▪▪▪▪▪ ▪▪▪▪▪▪ ▪▪▪▪▪▪▪▪▪ ▪▪▪▪▪▪▪ ▪▪▪▪▪▪▪ ▪▪▪▪▪▪▪▪▪▪▪ ▪▪▪ ▪▪▪▪▪▪▪▪ ▪▪▪▪▪▪▪ ▪▪▪▪▪▪▪ ▪▪▪▪▪▪▪▪ ▪▪▪ ▪▪▪▪▪ ▪▪▪▪▪▪▪ ▪▪▪▪▪▪▪▪▪ ▪▪▪▪▪▪▪▪▪ ▪▪▪▪▪▪▪▪▪ ▪▪▪▪▪▪▪ ▪▪▪▪▪ ▪▪▪▪▪▪▪ ▪▪▪▪▪▪▪▪▪ ▪▪▪▪▪▪ ▪▪▪▪▪▪▪▪ ▪▪▪▪▪▪▪ ▪▪▪▪▪▪ ▪▪▪▪▪▪ ▪▪▪▪▪▪▪ ▪▪▪▪▪▪▪▪ ▪▪▪▪▪▪ ▪▪▪▪▪▪▪▪▪ ▪▪▪▪▪▪▪▪▪ ▪▪▪▪▪▪▪▪▪ ▪▪▪▪▪▪ ▪▪▪▪▪▪ ▪▪▪▪▪▪▪▪▪ ▪▪▪▪▪▪▪ ▪▪▪▪▪▪▪▪▪ ▪▪▪▪▪▪▪▪▪ ▪▪▪▪▪▪▪ ▪▪▪▪▪ ▪▪▪▪▪▪▪▪▪▪ ▪▪▪▪▪▪▪ ▪▪▪▪▪ ▪▪▪▪▪▪ ▪▪▪▪▪▪▪▪▪ ▪▪▪▪▪▪▪ ▪▪▪▪▪▪▪ ▪▪▪▪▪ ▪▪▪▪▪▪ ▪▪▪▪▪▪▪ ▪▪▪▪▪▪▪ ▪▪▪▪▪▪
BIG LAND SLIDE.
CONSTRUCTION TRAIN OVERWHELMED
TWENTY-FIVE PERSONS KILLED.
Received April 19, 5.40 p.m.
OTTAWA, April 19.

A landslide on the National Transcontinental Railway overwhelmed a construction train at Latuque, Canada, and 25 persons were killed.

SNOWSLIDE IN THE ROCKIES.
SIXTY-TWO WORKMEN SWEPT AWAY.
▪▪▪▪▪▪▪ ▪▪▪▪▪▪▪ ▪▪▪▪▪▪▪▪▪ ▪▪▪▪▪▪▪ ▪▪▪▪▪ ▪▪▪▪▪▪ ▪▪▪▪▪ ▪▪▪▪▪ ▪▪▪▪▪▪▪▪▪ ▪▪▪▪▪ ▪▪▪ ▪▪▪▪▪▪ ▪▪▪▪▪▪▪▪▪ ▪▪▪▪▪▪ ▪▪▪▪▪▪▪▪▪ ▪▪▪▪▪▪▪ ▪▪▪▪▪▪▪ ▪▪▪▪▪▪ ▪▪▪▪▪▪ ▪▪▪▪▪▪▪▪▪▪ ▪▪▪▪▪ ▪▪▪▪▪ ▪▪▪▪▪▪ ▪▪▪▪▪▪▪▪▪▪ ▪▪▪▪▪▪▪ ▪▪▪▪▪▪▪▪▪ ▪▪▪▪▪▪▪ ▪▪▪▪▪▪▪ ▪▪▪ ▪▪▪▪▪▪▪ ▪▪▪▪▪▪ ▪▪▪▪▪▪▪ ▪▪▪▪▪▪▪▪ ▪▪▪ ▪▪▪ ▪▪▪▪▪▪▪ ▪▪▪▪▪▪▪ ▪▪▪▪▪▪▪▪▪▪▪ ▪▪▪▪▪▪▪ ▪▪▪▪▪▪▪▪▪ ▪▪▪▪▪▪▪ ▪▪▪▪▪ ▪▪▪▪▪▪▪▪▪▪▪ ▪▪▪▪▪▪▪▪ ▪▪▪▪▪▪ ▪▪▪▪▪▪ ▪▪▪▪▪▪▪▪▪ ▪▪▪▪▪▪▪▪ ▪▪▪▪▪▪▪▪▪ ▪▪▪▪▪▪▪ ▪▪▪▪▪▪▪ ▪▪▪▪▪▪ ▪▪▪▪▪ ▪▪▪▪▪ ▪▪▪▪▪▪▪▪▪ ▪▪▪▪▪▪▪ ▪▪▪▪▪▪ ▪▪▪▪▪▪▪▪▪▪ ▪▪▪▪▪▪ ▪▪▪▪▪ ▪▪▪▪▪▪▪ ▪▪▪▪▪ ▪▪▪▪▪▪▪ ▪▪▪▪▪▪▪ ▪▪▪▪▪▪▪ ▪▪▪▪▪▪▪▪▪▪ ▪▪▪▪▪▪▪ ▪▪▪▪▪▪▪▪ ▪▪▪▪▪▪▪ ▪▪▪▪▪▪▪▪▪ ▪▪▪ ▪▪▪▪▪▪▪▪▪ ▪▪▪▪▪▪▪ ▪▪▪▪▪▪▪▪▪▪ ▪▪▪▪▪▪ ▪▪▪▪▪ ▪▪▪▪▪▪ ▪▪▪▪▪▪▪▪▪ ▪▪▪▪▪▪ ▪▪▪▪▪▪▪▪▪▪▪ ▪▪▪▪▪▪▪▪▪ ▪▪▪▪▪▪▪ ▪▪▪▪▪▪▪▪▪▪ ▪▪▪▪▪▪▪▪▪ ▪▪▪▪▪▪ ▪▪▪▪▪▪▪ ▪▪▪▪▪▪▪▪▪ ▪▪▪▪▪▪▪ ▪▪▪▪▪▪▪ ▪▪▪▪▪▪▪▪▪ ▪▪▪▪▪▪▪ ▪▪▪▪▪▪▪ ▪▪▪▪▪▪▪ ▪▪▪▪▪ ▪▪▪▪▪▪ ▪▪▪▪▪▪▪▪▪▪ ▪▪▪▪▪ ▪▪▪▪▪▪▪▪▪ ▪▪▪▪▪▪▪▪▪ ▪▪▪▪▪▪▪ ▪▪▪▪▪▪▪▪▪ ▪▪▪▪▪▪ ▪▪▪▪▪▪▪▪ ▪▪▪▪▪▪ ▪▪▪▪▪▪▪▪ ▪▪▪▪▪▪▪▪▪▪ ▪▪▪▪▪▪ ▪▪▪▪▪▪▪▪▪▪▪ ▪▪▪▪▪▪▪▪▪ ▪▪▪▪▪ ▪▪▪▪▪▪ ▪▪▪▪▪▪▪▪▪▪ ▪▪▪▪▪▪▪ ▪▪▪▪▪▪▪ ▪▪▪▪▪▪ ▪▪▪▪▪▪ ▪▪▪▪▪▪▪▪▪ ▪▪▪▪▪▪▪▪ ▪▪▪▪▪▪▪ ▪▪▪▪▪▪▪ ▪▪▪▪▪▪▪▪▪ ▪▪▪▪▪▪ ▪▪▪▪▪▪▪▪▪▪▪ ▪▪▪▪▪▪▪▪▪ ▪▪▪▪▪ ▪▪▪▪▪▪▪▪▪ ▪▪▪▪▪ ▪▪▪▪▪▪▪ ▪▪▪▪▪▪▪ ▪▪▪▪▪▪▪▪▪ ▪▪▪▪▪▪▪ ▪▪▪▪▪▪ ▪▪▪▪▪▪▪▪▪ ▪▪▪▪▪▪▪▪▪▪▪ ▪▪▪▪▪▪▪ ▪▪▪▪▪▪▪ ▪▪▪▪▪▪ ▪▪▪▪▪▪ ▪▪▪▪▪▪ ▪▪▪▪▪▪▪▪▪▪ ▪▪▪▪▪▪▪▪▪▪ ▪▪▪▪▪▪▪▪▪ ▪▪▪▪▪▪▪▪ ▪▪▪▪▪▪▪ ▪▪▪▪▪ ▪▪▪▪▪▪ ▪▪▪▪▪▪▪▪ ▪▪▪▪▪ ▪▪▪▪▪▪▪▪▪▪ ▪▪▪▪▪▪▪ ▪▪▪▪▪▪▪▪▪▪ ▪▪▪▪▪▪▪▪▪ ▪▪▪▪▪▪▪ ▪▪▪▪▪▪▪▪▪ ▪▪▪▪▪▪▪▪ ▪▪▪▪▪▪ ▪▪▪▪▪▪▪▪▪ ▪▪▪▪▪ ▪▪▪▪▪▪▪ ▪▪▪▪▪▪▪ ▪▪▪▪▪▪▪▪▪▪▪ ▪▪▪▪▪▪▪▪▪▪ ▪▪▪ ▪▪▪▪▪▪ ▪▪▪▪▪▪▪ ▪▪▪▪▪▪▪ ▪▪▪▪▪▪▪▪▪▪▪ ▪▪▪▪▪▪▪ ▪▪▪▪▪▪ ▪▪▪▪▪▪▪ ▪▪▪▪▪▪ ▪▪▪▪▪▪ ▪▪▪▪▪▪▪▪▪ ▪▪▪▪▪▪▪▪▪▪ ▪▪▪▪▪▪▪▪ ▪▪▪▪▪▪▪▪▪▪ ▪▪▪▪▪▪▪▪▪ ▪▪▪▪▪▪ ▪▪▪▪▪ ▪▪▪▪▪▪▪▪ ▪▪▪▪▪▪▪ ▪▪▪▪▪▪▪ ▪▪▪▪▪▪▪▪▪▪▪ ▪▪▪▪▪▪▪▪▪ ▪▪▪▪▪▪ ▪▪▪▪▪▪▪▪ ▪▪▪ ▪▪▪▪▪▪▪ ▪▪▪▪▪▪▪▪ ▪▪▪▪▪▪▪ ▪▪▪▪▪▪ ▪▪▪▪▪▪▪ ▪▪▪▪▪▪ ▪▪▪▪▪▪ ▪▪▪▪▪ ▪▪▪▪▪▪▪ ▪▪▪▪▪▪▪▪▪ ▪▪▪▪▪ ▪▪▪▪▪▪▪ ▪▪▪▪▪▪ ▪▪▪▪▪ ▪▪▪▪▪▪ ▪▪▪▪▪▪ ▪▪▪▪▪▪▪▪▪▪ ▪▪▪▪▪▪▪ ▪▪▪ ▪▪▪▪▪▪▪ ▪▪▪▪▪▪▪ ▪▪▪▪▪▪▪ ▪▪▪▪▪▪ ▪▪▪▪▪▪▪ ▪▪▪▪▪▪ ▪▪▪▪▪▪▪▪▪▪▪ ▪▪▪▪▪▪ ▪▪▪▪▪▪▪ ▪▪▪▪▪▪▪▪▪ ▪▪▪▪▪▪▪▪▪ ▪▪▪▪▪ ▪▪▪▪▪▪▪ ▪▪▪▪▪▪ ▪▪▪▪▪▪▪▪ ▪▪▪▪▪▪ ▪▪▪▪▪▪▪▪▪▪ ▪▪▪▪▪▪▪▪▪▪ ▪▪▪▪▪▪▪▪▪▪ ▪▪▪▪▪▪ ▪▪▪▪▪▪▪ ▪▪▪▪▪ ▪▪▪▪▪▪▪▪▪ ▪▪▪ ▪▪▪▪▪ ▪▪▪▪▪▪ ▪▪▪▪▪▪▪▪▪▪ ▪▪▪▪▪▪▪ ▪▪▪▪▪ ▪▪▪▪▪▪▪ ▪▪▪▪▪▪▪▪▪ ▪▪▪▪▪ ▪▪▪▪▪▪▪▪ ▪▪▪▪▪▪▪ ▪▪▪▪▪▪▪▪▪ ▪▪▪▪▪▪▪▪▪ ▪▪▪▪▪▪▪▪▪ ▪▪▪▪▪ ▪▪▪▪▪▪▪ ▪▪▪▪▪▪▪ ▪▪▪▪▪▪ ▪▪▪▪▪▪▪▪ ▪▪▪▪▪▪▪▪▪ ▪▪▪▪▪▪▪ ▪▪▪▪▪▪▪▪▪▪▪ ▪▪▪▪▪▪ ▪▪▪▪▪▪▪▪▪▪ ▪▪▪▪▪ ▪▪▪▪▪▪▪▪▪ ▪▪▪▪▪▪ ▪▪▪▪▪▪▪▪▪ ▪▪▪▪▪▪▪ ▪▪▪▪▪▪▪ ▪▪▪▪▪▪▪▪▪▪ ▪▪▪▪▪▪▪ ▪▪▪▪▪▪▪ ▪▪▪▪▪▪▪ ▪▪▪▪▪▪▪ ▪▪▪▪▪▪▪▪▪ ▪▪▪▪▪▪▪▪ ▪▪▪▪▪▪ ▪▪▪▪▪▪▪▪ ▪▪▪▪▪▪▪▪ ▪▪▪▪▪▪▪ ▪▪▪▪▪▪▪ ▪▪▪▪▪▪ ▪▪▪▪▪▪▪ ▪▪▪▪▪▪▪▪▪ ▪▪▪▪▪▪▪▪▪▪ ▪▪▪▪▪▪▪▪▪ ▪▪▪▪▪▪▪ ▪▪▪▪▪▪▪ ▪▪▪▪▪▪▪ ▪▪▪▪▪ ▪▪▪▪▪▪ ▪▪▪▪▪▪▪ ▪▪▪▪▪▪▪ ▪▪▪▪▪▪▪▪▪ ▪▪▪▪▪▪▪▪▪▪ ▪▪▪▪▪▪▪▪▪ ▪▪▪▪▪▪▪▪▪ ▪▪▪▪▪ ▪▪▪▪▪▪ ▪▪▪▪▪▪ ▪▪▪▪▪▪▪ ▪▪▪▪▪ ▪▪▪▪▪▪ ▪▪▪▪▪▪▪ ▪▪▪▪▪▪▪▪▪ ▪▪▪▪▪▪ ▪▪▪▪▪▪▪▪▪ ▪▪▪▪▪▪▪▪▪ ▪▪▪▪▪▪▪▪▪ ▪▪▪▪▪▪ ▪▪▪▪▪▪ ▪▪▪▪▪▪▪ ▪▪▪▪▪▪▪▪ ▪▪▪▪▪▪▪▪▪ ▪▪▪▪▪▪▪ ▪▪▪▪▪ ▪▪▪▪▪▪▪ ▪▪▪▪▪▪▪▪ ▪▪▪▪▪▪▪▪▪ ▪▪▪▪▪ ▪▪▪▪▪▪▪ ▪▪▪▪▪▪▪▪ ▪▪▪▪▪▪▪▪▪▪ ▪▪▪▪▪▪▪ ▪▪▪▪▪▪▪
SEIZURE OF OPIUM.
▪▪▪▪▪▪▪▪▪ ▪▪▪▪▪▪▪ ▪▪▪▪▪▪▪ ▪▪▪▪▪▪▪▪ ▪▪▪▪▪▪▪▪▪▪ ▪▪▪▪▪ ▪▪▪▪▪▪▪▪▪ ▪▪▪▪▪▪ ▪▪▪▪▪▪ ▪▪▪▪▪▪▪▪ ▪▪▪▪▪▪▪▪ ▪▪▪▪▪▪▪▪▪ ▪▪▪▪▪▪▪▪▪ ▪▪▪▪▪ ▪▪▪▪▪ ▪▪▪▪▪▪ ▪▪▪▪▪▪▪ ▪▪▪▪▪▪▪ ▪▪▪▪▪▪ ▪▪▪▪▪▪ ▪▪▪▪▪▪▪▪▪▪ ▪▪▪▪▪▪▪▪▪ ▪▪▪▪▪▪▪▪▪ ▪▪▪ ▪▪▪ ▪▪▪▪▪▪▪▪ ▪▪▪▪▪▪ ▪▪▪▪▪▪▪ ▪▪▪▪▪▪▪▪▪ ▪▪▪▪▪ ▪▪▪▪▪▪ ▪▪▪▪▪▪▪▪▪▪ ▪▪▪▪▪ ▪▪▪▪▪▪▪▪ ▪▪▪▪▪▪▪
SCHOONER OVERDUE.
▪▪▪▪▪▪ ▪▪▪▪▪▪▪ ▪▪▪▪▪▪ ▪▪▪▪▪ ▪▪▪▪▪▪ ▪▪▪▪▪▪ ▪▪▪▪▪▪▪ ▪▪▪▪▪▪▪ ▪▪▪▪▪▪▪▪▪ ▪▪▪▪▪▪▪ ▪▪▪▪▪▪▪ ▪▪▪▪▪▪▪ ▪▪▪▪▪▪ ▪▪▪▪▪ ▪▪▪▪▪▪ ▪▪▪▪▪▪▪▪▪ ▪▪▪▪▪▪▪ ▪▪▪▪▪▪ ▪▪▪▪▪ ▪▪▪▪▪▪▪ ▪▪▪▪▪▪▪▪▪▪▪ ▪▪▪▪▪▪▪▪▪▪ ▪▪▪▪▪▪▪▪▪ ▪▪▪▪▪▪▪▪▪ ▪▪▪▪▪▪▪▪ ▪▪▪▪▪▪▪ ▪▪▪▪▪▪ ▪▪▪▪▪▪▪▪▪ ▪▪▪▪▪▪ ▪▪▪▪▪▪▪▪ ▪▪▪▪▪▪▪▪▪ ▪▪▪▪▪▪ ▪▪▪▪▪ ▪▪▪▪▪▪▪▪▪ ▪▪▪▪▪▪▪ ▪▪▪▪▪▪▪ ▪▪▪▪▪▪▪ ▪▪▪ ▪▪▪▪▪▪▪▪▪▪ ▪▪▪▪▪ ▪▪▪▪▪▪▪▪ ▪▪▪▪▪▪ ▪▪▪▪▪▪▪ ▪▪▪▪▪ ▪▪▪▪▪▪▪▪▪ ▪▪▪▪▪▪▪ ▪▪▪▪▪▪▪ ▪▪▪▪▪▪ ▪▪▪▪▪▪ ▪▪▪▪▪▪ ▪▪▪▪▪▪▪▪▪▪ ▪▪▪▪▪▪▪▪ ▪▪▪▪▪▪▪ ▪▪▪ ▪▪▪▪▪▪▪▪▪▪ ▪▪▪▪▪ ▪▪▪▪▪▪ ▪▪▪▪▪▪▪ ▪▪▪▪▪▪
MASTERTON HOMING CLUB.
▪▪▪▪▪ ▪▪▪▪▪▪▪▪▪ ▪▪▪▪▪▪▪ ▪▪▪▪▪ ▪▪▪▪▪▪▪▪▪▪ ▪▪▪▪▪▪▪▪▪ ▪▪▪▪▪▪▪▪ ▪▪▪▪▪▪▪▪▪▪▪ ▪▪▪▪▪▪▪▪▪ ▪▪▪ ▪▪▪▪▪▪▪ ▪▪▪▪▪▪▪▪▪▪▪ ▪▪▪▪▪▪▪ ▪▪▪ ▪▪▪▪▪▪▪▪ ▪▪▪▪▪▪ ▪▪▪▪▪ ▪▪▪▪▪ ▪▪▪▪▪▪▪▪▪▪▪ ▪▪▪ ▪▪▪▪▪▪▪▪ ▪▪▪▪▪▪▪ ▪▪▪▪▪▪ ▪▪▪▪▪▪▪▪▪ ▪▪▪▪▪▪▪ ▪▪▪▪▪▪▪ ▪▪▪▪▪▪▪ ▪▪▪▪▪▪▪ ▪▪▪▪▪▪▪ ▪▪▪▪▪▪▪ ▪▪▪▪▪▪▪▪▪▪▪ ▪▪▪▪▪▪▪▪ ▪▪▪▪▪▪▪▪▪▪ ▪▪▪▪▪▪▪▪▪ ▪▪▪▪▪▪▪▪▪ ▪▪▪▪▪▪▪▪▪ ▪▪▪▪▪▪▪▪▪▪ ▪▪▪▪▪▪▪▪▪ ▪▪▪▪▪▪▪▪▪▪ ▪▪▪▪▪▪ ▪▪▪▪▪ ▪▪▪▪▪▪ ▪▪▪▪▪▪▪▪▪ ▪▪▪▪▪▪ ▪▪▪▪▪ ▪▪▪▪▪▪ ▪▪▪▪▪▪▪▪▪▪ ▪▪▪▪▪▪▪▪▪ ▪▪▪▪▪ ▪▪▪▪▪▪ ▪▪▪▪▪▪▪ ▪▪▪▪▪ ▪▪▪▪▪▪▪▪▪ ▪▪▪▪▪▪ ▪▪▪▪▪▪▪ ▪▪▪▪▪▪ ▪▪▪▪▪▪ ▪▪▪▪▪▪ ▪▪▪▪▪▪▪ ▪▪▪▪▪▪▪▪▪▪▪ ▪▪▪ ▪▪▪▪▪▪▪ ▪▪▪▪▪▪▪▪▪ ▪▪▪▪▪ ▪▪▪▪▪▪ ▪▪▪▪▪▪▪ ▪▪▪▪▪ ▪▪▪▪▪▪
GOLF.
MASTERTON CLUB.
▪▪▪▪▪▪▪▪▪ ▪▪▪▪▪▪ ▪▪▪▪▪▪▪ ▪▪▪▪▪▪▪▪▪ ▪▪▪▪▪▪▪▪▪ ▪▪▪▪▪▪ ▪▪▪▪▪ ▪▪▪▪▪▪▪ ▪▪▪▪▪▪▪ ▪▪▪▪▪▪▪ ▪▪▪▪▪▪▪ ▪▪▪▪▪▪▪▪▪ ▪▪▪▪▪▪▪▪▪▪ ▪▪▪▪▪▪▪▪▪▪ ▪▪▪▪▪▪▪ ▪▪▪▪▪▪ ▪▪▪▪▪▪▪▪▪ ▪▪▪▪▪ ▪▪▪▪▪ ▪▪▪▪▪▪▪▪ ▪▪▪▪▪▪ ▪▪▪▪▪ ▪▪▪▪▪▪ ▪▪▪▪▪▪▪▪▪ ▪▪▪ ▪▪▪▪▪▪ ▪▪▪▪▪▪▪ ▪▪▪▪▪▪▪ ▪▪▪▪▪▪▪▪▪ ▪▪▪▪▪▪▪▪▪ ▪▪▪▪▪▪ ▪▪▪▪▪▪▪ ▪▪▪▪▪▪▪ ▪▪▪▪▪▪▪ ▪▪▪▪▪▪▪▪▪ ▪▪▪▪▪▪▪ ▪▪▪▪▪▪▪▪▪ ▪▪▪▪▪▪▪▪▪▪ ▪▪▪▪▪▪▪▪▪ ▪▪▪▪▪▪ ▪▪▪▪▪▪▪▪ ▪▪▪▪▪▪▪▪▪ ▪▪▪▪▪▪▪▪ ▪▪▪▪▪▪▪ ▪▪▪▪▪▪▪ ▪▪▪▪▪▪▪▪▪ ▪▪▪▪▪▪▪ ▪▪▪▪▪ ▪▪▪▪▪▪ ▪▪▪▪▪▪▪▪▪▪ ▪▪▪▪▪ ▪▪▪▪▪▪▪ ▪▪▪▪▪▪▪▪▪▪ ▪▪▪▪▪▪▪ ▪▪▪▪▪▪▪▪▪▪▪ ▪▪▪▪▪ ▪▪▪▪▪▪▪▪▪ ▪▪▪▪▪▪▪▪ ▪▪▪▪▪▪▪ ▪▪▪▪▪▪▪ ▪▪▪▪▪▪▪▪▪ ▪▪▪▪▪▪▪▪▪ ▪▪▪▪▪▪ ▪▪▪▪▪▪▪▪▪ ▪▪▪ ▪▪▪▪▪▪▪ ▪▪▪▪▪▪▪▪▪▪ ▪▪▪▪▪▪▪ ▪▪▪▪▪▪▪▪▪ ▪▪▪▪▪ ▪▪▪▪▪▪▪▪▪▪ ▪▪▪▪▪▪▪ ▪▪▪ ▪▪▪▪▪▪▪▪ ▪▪▪▪▪▪▪▪▪▪ ▪▪▪▪▪▪▪▪▪ ▪▪▪▪▪▪▪▪▪▪ ▪▪▪▪▪ ▪▪▪▪▪▪ ▪▪▪▪▪▪▪▪▪ ▪▪▪▪▪▪▪▪▪▪ ▪▪▪▪▪▪▪▪▪▪ ▪▪▪▪▪▪▪▪▪▪ ▪▪▪▪▪▪▪▪▪▪ ▪▪▪▪▪▪▪▪▪ ▪▪▪▪▪▪ ▪▪▪▪▪▪▪▪▪▪ ▪▪▪▪▪▪▪▪▪ ▪▪▪▪▪▪▪ ▪▪▪▪▪▪ ▪▪▪▪▪▪▪ ▪▪▪▪▪▪▪▪▪ ▪▪▪▪▪▪▪▪▪ ▪▪▪▪▪▪ ▪▪▪▪▪▪▪▪▪ ▪▪▪▪▪▪▪▪▪▪ ▪▪▪▪▪▪▪ ▪▪▪▪▪▪▪▪▪▪ ▪▪▪▪▪▪ ▪▪▪▪▪▪▪▪▪▪ ▪▪▪▪▪▪▪▪▪▪ ▪▪▪▪▪▪▪▪▪ ▪▪▪▪▪ ▪▪▪▪▪▪▪▪▪ ▪▪▪▪▪ ▪▪▪▪▪▪▪▪▪ ▪▪▪▪▪▪ ▪▪▪▪▪▪▪ ▪▪▪▪▪▪▪ ▪▪▪▪▪ ▪▪▪▪▪▪▪▪▪ ▪▪▪▪▪▪▪▪▪ ▪▪▪▪▪▪▪ ▪▪▪▪▪ ▪▪▪▪▪▪▪▪▪ ▪▪▪▪▪▪▪ ▪▪▪▪▪▪▪ ▪▪▪▪▪▪▪ ▪▪▪▪▪▪ ▪▪▪▪▪▪▪ ▪▪▪▪▪▪▪ ▪▪▪▪▪▪▪▪ ▪▪▪▪▪▪▪ ▪▪▪▪▪▪▪ ▪▪▪▪▪▪▪▪▪ ▪▪▪▪▪▪ ▪▪▪▪▪▪▪▪▪ ▪▪▪▪▪▪▪ ▪▪▪▪▪▪▪ ▪▪▪▪▪▪▪▪ ▪▪▪▪▪▪▪ ▪▪▪▪▪▪▪ ▪▪▪▪▪▪▪▪▪ ▪▪▪▪▪▪▪▪▪ ▪▪▪▪▪▪▪▪▪▪ ▪▪▪▪▪▪ ▪▪▪▪▪▪▪ ▪▪▪▪▪▪ ▪▪▪▪▪▪▪▪▪ ▪▪▪▪▪▪▪▪▪▪ ▪▪▪▪▪▪▪ ▪▪▪▪▪▪ ▪▪▪▪▪▪▪ ▪▪▪▪▪▪▪ ▪▪▪▪▪▪▪ ▪▪▪▪▪▪▪▪▪ ▪▪▪▪▪▪
FEDERAL POLITICS.
FUSION MINISTRY RESIGN.
Received April 19, 5.40 p.m.
MELBOURNE, April 19.

The Federal Cabinet, presided over by Mr Deakin, as Prime Minister, met to-day, and decided to resign.

MR FISHER SENT FOR.
BY LORD DUDLEY.
▪▪▪▪▪▪ ▪▪▪▪▪▪▪▪▪ ▪▪▪▪▪▪▪ ▪▪▪▪▪▪▪ ▪▪▪▪▪▪▪▪▪ ▪▪▪ ▪▪▪▪▪▪▪▪▪ ▪▪▪▪▪▪ ▪▪▪▪▪▪▪▪ ▪▪▪▪▪▪ ▪▪▪▪▪▪▪ ▪▪▪▪▪▪▪▪▪▪ ▪▪▪▪▪▪▪▪▪▪ ▪▪▪▪▪▪ ▪▪▪▪▪▪ ▪▪▪▪▪▪ ▪▪▪▪▪▪▪▪▪▪ ▪▪▪▪▪▪▪▪▪ ▪▪▪▪▪ ▪▪▪▪▪▪▪▪▪▪ ▪▪▪▪▪ ▪▪▪▪▪ ▪▪▪ ▪▪▪▪▪▪▪ ▪▪▪▪▪▪▪▪ ▪▪▪▪▪▪▪ ▪▪▪ ▪▪▪▪▪▪ ▪▪▪▪▪▪ ▪▪▪ ▪▪▪▪▪ ▪▪▪▪▪▪▪ ▪▪▪▪▪▪▪ ▪▪▪▪▪▪ ▪▪▪▪▪▪▪ ▪▪▪ ▪▪▪▪▪▪▪▪▪ ▪▪▪▪▪ ▪▪▪▪▪▪▪ ▪▪▪▪▪▪ ▪▪▪▪▪▪▪ ▪▪▪▪▪▪▪ ▪▪▪▪▪▪ ▪▪▪▪▪▪ ▪▪▪▪▪▪ ▪▪▪▪▪▪ ▪▪▪▪▪▪ ▪▪▪▪▪▪▪▪ ▪▪▪▪▪▪▪▪ ▪▪▪▪▪▪▪▪▪ ▪▪▪▪▪▪▪ ▪▪▪▪▪ ▪▪▪▪▪▪▪ ▪▪▪▪▪▪▪▪▪ ▪▪▪▪▪▪▪
SIR GEORGE REID'S OPINION.
"A BODY OF HONOURABLE MEN."
▪▪▪▪▪▪▪ ▪▪▪▪▪▪▪ ▪▪▪▪▪▪▪ ▪▪▪▪▪▪▪ ▪▪▪▪▪ ▪▪▪▪▪▪▪ ▪▪▪▪▪▪▪▪▪ ▪▪▪▪▪▪▪▪▪▪ ▪▪▪▪▪▪ ▪▪▪▪▪▪▪ ▪▪▪▪▪▪ ▪▪▪▪▪▪▪▪▪ ▪▪▪▪▪▪▪ ▪▪▪▪▪ ▪▪▪▪▪▪▪▪▪▪▪ ▪▪▪▪▪▪▪▪▪▪ ▪▪▪▪▪▪▪ ▪▪▪▪▪▪▪▪▪ ▪▪▪▪▪▪ ▪▪▪▪▪▪▪▪▪▪ ▪▪▪▪▪▪▪ ▪▪▪▪▪ ▪▪▪▪▪▪ ▪▪▪▪▪▪ ▪▪▪▪▪▪ ▪▪▪▪▪▪▪ ▪▪▪ ▪▪▪▪▪ ▪▪▪▪▪▪▪ ▪▪▪▪▪ ▪▪▪▪▪▪▪ ▪▪▪▪▪▪▪▪▪ ▪▪▪▪▪▪ ▪▪▪▪▪▪▪▪▪▪▪ ▪▪▪▪▪▪▪▪ ▪▪▪▪▪ ▪▪▪▪▪▪▪▪▪▪ ▪▪▪▪▪▪ ▪▪▪▪▪▪ ▪▪▪▪▪▪▪ ▪▪▪▪▪▪▪ ▪▪▪▪▪ ▪▪▪▪▪▪▪▪▪▪▪ ▪▪▪▪▪▪▪ ▪▪▪▪▪ ▪▪▪▪▪▪▪▪▪ ▪▪▪▪▪▪▪▪▪ ▪▪▪▪▪▪▪ ▪▪▪▪▪▪▪▪▪ ▪▪▪▪▪▪▪ ▪▪▪▪▪▪▪▪▪ ▪▪▪▪▪▪▪ ▪▪▪▪▪▪▪ ▪▪▪▪▪▪ ▪▪▪▪▪▪▪▪▪ ▪▪▪▪▪▪ ▪▪▪▪▪▪▪ ▪▪▪▪▪▪▪ ▪▪▪▪▪▪▪ ▪▪▪▪▪▪▪ ▪▪▪▪▪ ▪▪▪▪▪▪▪ ▪▪▪▪▪ ▪▪▪▪▪▪ ▪▪▪▪▪▪▪ ▪▪▪▪▪▪▪▪▪▪▪ ▪▪▪▪▪▪▪▪ ▪▪▪▪▪▪ ▪▪▪▪▪▪▪▪▪▪ ▪▪▪▪▪▪▪ ▪▪▪ ▪▪▪▪▪▪▪▪ ▪▪▪▪▪▪▪▪ ▪▪▪▪▪▪▪ ▪▪▪▪▪▪▪ ▪▪▪▪▪▪▪▪ ▪▪▪▪▪▪▪▪▪ ▪▪▪ ▪▪▪▪▪▪▪▪▪ ▪▪▪▪▪▪▪▪▪▪ ▪▪▪ ▪▪▪▪▪▪▪▪▪ ▪▪▪▪▪▪ ▪▪▪▪▪▪ ▪▪▪▪▪▪▪▪ ▪▪▪ ▪▪▪▪▪▪▪▪▪ ▪▪▪▪▪▪▪▪▪▪▪ ▪▪▪▪▪ ▪▪▪▪▪▪▪▪▪ ▪▪▪▪▪▪ ▪▪▪▪▪▪▪ ▪▪▪▪▪▪▪▪ ▪▪▪▪▪▪▪▪▪▪ ▪▪▪▪▪▪▪▪▪ ▪▪▪▪▪ ▪▪▪▪▪▪ ▪▪▪▪▪▪▪▪ ▪▪▪▪▪▪ ▪▪▪ ▪▪▪▪▪▪▪ ▪▪▪▪▪▪▪▪▪ ▪▪▪▪▪▪▪▪▪ ▪▪▪▪▪▪▪▪ ▪▪▪▪▪▪▪▪▪ ▪▪▪▪▪▪ ▪▪▪ ▪▪▪▪▪▪ ▪▪▪▪▪▪▪▪▪▪ ▪▪▪▪▪▪▪▪▪ ▪▪▪▪▪▪▪ ▪▪▪▪▪▪▪▪▪▪ ▪▪▪▪▪▪▪▪▪ ▪▪▪▪▪▪▪▪▪▪▪ ▪▪▪▪▪▪▪▪▪▪ ▪▪▪▪▪▪▪ ▪▪▪▪▪▪ ▪▪▪▪▪▪▪ ▪▪▪▪▪▪▪▪▪ ▪▪▪▪▪▪▪▪▪ ▪▪▪▪▪▪ ▪▪▪▪▪▪▪▪ ▪▪▪▪▪▪ ▪▪▪ ▪▪▪▪▪▪▪ ▪▪▪▪▪▪▪▪▪ ▪▪▪▪▪▪▪ ▪▪▪▪▪▪▪ ▪▪▪▪▪▪▪▪▪ ▪▪▪▪▪▪▪ ▪▪▪▪▪▪▪ ▪▪▪▪▪▪▪▪ ▪▪▪▪▪ ▪▪▪▪▪▪▪▪▪ ▪▪▪▪▪▪ ▪▪▪▪▪▪▪ ▪▪▪▪▪▪▪▪▪ ▪▪▪▪▪▪ ▪▪▪▪▪▪ ▪▪▪▪▪▪▪▪▪ ▪▪▪▪▪▪▪ ▪▪▪▪▪▪▪ ▪▪▪▪▪▪ ▪▪▪▪▪▪▪▪ ▪▪▪▪▪▪▪▪▪ ▪▪▪▪▪▪▪▪ ▪▪▪▪▪▪▪
SOCIALISTS AND THEIR DEPOSITS.
▪▪▪▪▪▪▪▪▪▪ ▪▪▪▪▪▪ ▪▪▪▪▪▪▪ ▪▪▪▪▪▪ ▪▪▪▪▪▪▪ ▪▪▪▪▪▪ ▪▪▪▪▪ ▪▪▪▪▪▪ ▪▪▪▪▪▪▪▪ ▪▪▪▪▪▪ ▪▪▪▪▪▪▪ ▪▪▪▪▪ ▪▪▪▪▪▪ ▪▪▪▪▪ ▪▪▪▪▪▪ ▪▪▪▪▪▪▪ ▪▪▪▪▪▪▪ ▪▪▪▪▪▪▪▪▪▪ ▪▪▪▪▪▪▪▪▪ ▪▪▪▪▪▪▪ ▪▪▪▪▪▪▪▪ ▪▪▪▪▪ ▪▪▪▪▪▪ ▪▪▪▪▪▪▪ ▪▪▪▪▪▪ ▪▪▪▪▪▪▪▪ ▪▪▪▪▪▪▪ ▪▪▪▪▪▪ ▪▪▪▪▪▪▪ ▪▪▪▪▪▪▪ ▪▪▪▪▪▪▪ ▪▪▪▪▪▪▪▪ ▪▪▪▪▪ ▪▪▪▪▪▪ ▪▪▪▪▪▪▪ ▪▪▪▪▪▪▪ ▪▪▪▪▪▪▪▪▪▪▪ ▪▪▪▪▪▪▪▪▪ ▪▪▪▪▪▪▪▪▪ ▪▪▪▪▪▪▪▪▪▪ ▪▪▪▪▪ ▪▪▪▪▪▪▪ ▪▪▪▪▪▪▪▪ ▪▪▪▪▪▪▪▪▪▪ ▪▪▪▪▪▪▪▪▪▪ ▪▪▪▪▪▪▪ ▪▪▪▪▪▪▪▪▪▪▪ ▪▪▪▪▪▪▪ ▪▪▪▪▪▪ ▪▪▪▪▪ ▪▪▪▪▪▪▪▪▪ ▪▪▪▪▪▪ ▪▪▪▪▪▪▪ ▪▪▪▪▪▪▪▪▪▪▪ ▪▪▪▪▪▪ ▪▪▪▪▪▪▪ ▪▪▪▪▪▪▪▪▪ ▪▪▪▪▪▪ ▪▪▪▪▪▪ ▪▪▪▪▪ ▪▪▪▪▪▪▪ ▪▪▪▪▪ ▪▪▪ ▪▪▪▪▪▪▪ ▪▪▪▪▪▪▪▪ ▪▪▪▪▪ ▪▪▪▪▪▪ ▪▪▪▪▪▪▪▪ ▪▪▪▪▪▪▪ ▪▪▪▪▪ ▪▪▪▪▪▪▪ ▪▪▪▪▪▪▪ ▪▪▪▪▪▪▪ ▪▪▪▪▪▪▪ ▪▪▪▪▪▪▪ ▪▪▪▪▪ ▪▪▪ ▪▪▪▪▪▪▪ ▪▪▪▪▪▪▪▪ ▪▪▪▪▪▪▪ ▪▪▪▪▪▪▪▪▪▪ ▪▪▪▪▪▪▪▪▪ ▪▪▪▪▪▪▪▪▪ ▪▪▪▪▪▪▪▪▪▪ ▪▪▪▪▪▪▪ ▪▪▪▪▪▪▪▪▪ ▪▪▪▪▪▪▪▪▪
FOOTBALL.
THE ENGLISH TEAM.
▪▪▪▪▪ ▪▪▪▪▪▪▪ ▪▪▪▪▪ ▪▪▪ ▪▪▪▪▪▪▪▪▪ ▪▪▪▪▪▪▪ ▪▪▪▪▪▪▪ ▪▪▪▪▪ ▪▪▪▪▪▪▪▪▪▪ ▪▪▪▪▪▪ ▪▪▪▪▪▪▪▪▪ ▪▪▪▪▪ ▪▪▪▪▪▪▪ ▪▪▪▪▪▪▪ ▪▪▪▪▪▪▪▪▪▪ ▪▪▪▪▪ ▪▪▪▪▪▪▪ ▪▪▪▪▪ ▪▪▪▪▪▪▪ ▪▪▪▪▪▪▪▪▪▪▪ ▪▪▪▪▪▪ ▪▪▪▪▪▪▪▪▪▪ ▪▪▪▪▪ ▪▪▪▪▪▪ ▪▪▪▪▪ ▪▪▪▪▪ ▪▪▪▪▪▪ ▪▪▪▪▪▪▪▪▪ ▪▪▪▪▪▪▪ ▪▪▪▪▪▪ ▪▪▪▪▪ ▪▪▪▪▪▪ ▪▪▪▪▪▪▪▪▪▪ ▪▪▪▪▪▪▪▪▪ ▪▪▪▪▪▪▪▪▪▪ ▪▪▪▪▪▪ ▪▪▪▪▪▪ ▪▪▪▪▪▪ ▪▪▪▪▪▪ ▪▪▪▪▪▪▪ ▪▪▪▪▪▪▪▪▪▪▪ ▪▪▪▪▪▪▪▪▪▪ ▪▪▪▪▪▪▪ ▪▪▪ ▪▪▪▪▪▪ ▪▪▪▪▪▪▪▪▪ ▪▪▪▪▪▪▪ ▪▪▪▪▪▪▪ ▪▪▪▪▪▪▪▪ ▪▪▪▪▪ ▪▪▪▪▪▪▪ ▪▪▪▪▪▪▪▪▪ ▪▪▪▪▪ ▪▪▪▪▪ ▪▪▪▪▪▪▪ ▪▪▪▪▪▪ ▪▪▪▪▪▪▪▪ ▪▪▪▪▪▪▪▪▪ ▪▪▪▪▪▪▪▪ ▪▪▪▪▪▪▪▪ ▪▪▪▪▪ ▪▪▪▪▪▪ ▪▪▪▪▪▪▪ ▪▪▪▪▪▪▪▪▪ ▪▪▪▪▪▪▪▪▪▪▪ ▪▪▪▪▪▪ ▪▪▪▪▪▪▪▪ ▪▪▪▪▪▪ ▪▪▪▪▪▪▪ ▪▪▪▪▪ ▪▪▪▪▪▪▪ ▪▪▪▪▪▪▪▪▪ ▪▪▪▪▪▪▪▪▪ ▪▪▪▪▪▪ ▪▪▪▪▪▪▪ ▪▪▪▪▪▪▪ ▪▪▪▪▪ ▪▪▪▪▪▪▪ ▪▪▪▪▪▪▪▪▪ ▪▪▪▪▪▪ ▪▪▪▪▪▪▪ ▪▪▪▪▪▪▪ ▪▪▪▪▪▪ ▪▪▪▪▪▪▪▪ ▪▪▪▪▪▪ ▪▪▪▪▪▪▪▪▪▪ ▪▪▪▪▪▪▪▪▪ ▪▪▪▪▪▪▪▪ ▪▪▪▪▪ ▪▪▪▪▪▪ ▪▪▪▪▪ ▪▪▪▪▪ ▪▪▪▪▪▪▪▪▪▪ ▪▪▪▪▪▪▪ ▪▪▪▪▪▪▪▪ ▪▪▪▪▪▪▪ ▪▪▪▪▪▪▪ ▪▪▪▪▪▪▪▪▪▪ ▪▪▪▪▪ ▪▪▪▪▪ ▪▪▪▪▪▪▪ ▪▪▪▪▪▪▪▪ ▪▪▪▪▪▪▪▪▪▪ ▪▪▪▪▪▪ ▪▪▪▪▪▪▪ ▪▪▪▪▪▪▪ ▪▪▪▪▪▪▪ ▪▪▪▪▪▪▪▪▪ ▪▪▪▪▪▪▪▪ ▪▪▪▪▪▪▪
THE TEAM FOR SYDNEY.
▪▪▪ ▪▪▪▪▪▪ ▪▪▪▪▪▪▪ ▪▪▪▪▪▪ ▪▪▪▪▪▪▪ ▪▪▪▪▪▪▪ ▪▪▪▪▪▪▪ ▪▪▪▪▪▪ ▪▪▪▪▪▪▪▪▪ ▪▪▪▪▪ ▪▪▪▪▪▪▪▪▪ ▪▪▪▪▪▪▪▪▪ ▪▪▪▪▪▪▪ ▪▪▪▪▪▪▪ ▪▪▪▪▪▪▪ ▪▪▪▪▪ ▪▪▪▪▪▪▪▪▪▪ ▪▪▪▪▪ ▪▪▪▪▪▪ ▪▪▪▪▪ ▪▪▪▪▪▪▪▪▪ ▪▪▪▪▪ ▪▪▪▪▪ ▪▪▪▪▪▪▪ ▪▪▪▪▪▪▪ ▪▪▪▪▪▪ ▪▪▪▪▪▪ ▪▪▪▪▪▪▪ ▪▪▪▪▪▪▪ ▪▪▪▪▪▪▪▪▪ ▪▪▪▪▪ ▪▪▪▪▪▪▪▪ ▪▪▪▪▪▪▪▪▪ ▪▪▪▪▪▪▪ ▪▪▪▪▪▪▪ ▪▪▪▪▪▪▪▪
HORRIBLE TRAGEDY.
EIGHT-YEAR-OLD GIRL MURDERED.
SENSATIONAL DEVELOPMENTS LIKELY.
▪▪▪▪▪▪▪▪▪ ▪▪▪▪▪▪▪▪▪▪ ▪▪▪▪▪▪▪ ▪▪▪▪▪▪▪▪▪ ▪▪▪▪▪▪▪▪▪▪ ▪▪▪▪▪▪▪ ▪▪▪▪▪▪ ▪▪▪▪▪▪▪ ▪▪▪▪▪ ▪▪▪▪▪▪▪▪▪▪▪ ▪▪▪▪▪▪▪ ▪▪▪▪▪▪ ▪▪▪▪▪ ▪▪▪▪▪▪▪▪▪ ▪▪▪▪▪▪▪▪▪▪▪ ▪▪▪▪▪ ▪▪▪▪▪▪▪▪▪ ▪▪▪▪▪▪ ▪▪▪▪▪ ▪▪▪▪▪▪ ▪▪▪▪▪ ▪▪▪ ▪▪▪▪▪▪▪ ▪▪▪▪▪▪▪▪▪ ▪▪▪▪▪▪ ▪▪▪▪▪▪▪ ▪▪▪▪▪▪▪ ▪▪▪▪▪▪▪ ▪▪▪▪▪▪▪▪▪ ▪▪▪▪▪▪▪ ▪▪▪▪▪▪▪▪▪ ▪▪▪▪▪▪▪▪▪▪ ▪▪▪▪▪▪▪▪▪ ▪▪▪▪▪▪▪▪▪ ▪▪▪▪▪▪▪▪▪▪▪ ▪▪▪▪▪▪▪ ▪▪▪▪▪▪▪▪▪ ▪▪▪▪▪▪▪▪▪ ▪▪▪▪▪▪ ▪▪▪▪▪▪ ▪▪▪▪▪▪▪▪▪ ▪▪▪▪▪▪▪ ▪▪▪▪▪▪ ▪▪▪▪▪▪▪▪▪ ▪▪▪▪▪▪▪ ▪▪▪▪▪▪▪ ▪▪▪▪▪▪▪ ▪▪▪▪▪ ▪▪▪▪▪▪ ▪▪▪▪▪▪▪▪▪▪ ▪▪▪▪▪▪▪▪▪▪▪ ▪▪▪▪▪▪▪ ▪▪▪▪▪▪▪▪▪ ▪▪▪▪▪▪▪ ▪▪▪▪▪▪ ▪▪▪▪▪▪ ▪▪▪▪▪▪▪ ▪▪▪▪▪▪▪▪▪▪▪ ▪▪▪▪▪▪▪ ▪▪▪▪▪ ▪▪▪▪▪▪ ▪▪▪▪▪▪▪ ▪▪▪▪▪▪▪▪ ▪▪▪▪▪▪ ▪▪▪▪▪▪▪ ▪▪▪▪▪▪▪ ▪▪▪▪▪▪▪ ▪▪▪▪▪▪▪▪▪ ▪▪▪▪▪▪▪▪▪ ▪▪▪▪▪▪▪▪▪ ▪▪▪▪▪▪▪▪▪ ▪▪▪▪▪▪▪▪▪▪ ▪▪▪▪▪▪▪▪▪▪ ▪▪▪▪▪▪▪▪▪ ▪▪▪▪▪▪ ▪▪▪▪▪ ▪▪▪▪▪▪▪▪▪▪ ▪▪▪▪▪▪▪▪ ▪▪▪ ▪▪▪▪▪▪▪ ▪▪▪▪▪▪▪ ▪▪▪▪▪▪ ▪▪▪ ▪▪▪▪▪▪▪ ▪▪▪▪▪▪ ▪▪▪ ▪▪▪▪▪▪▪ ▪▪▪▪▪ ▪▪▪▪▪ ▪▪▪ ▪▪▪▪▪▪▪ ▪▪▪▪▪▪ ▪▪▪▪▪▪▪ ▪▪▪▪▪ ▪▪▪ ▪▪▪▪▪▪▪▪ ▪▪▪▪▪▪▪▪▪▪▪ ▪▪▪▪▪▪▪ ▪▪▪▪▪▪▪▪▪ ▪▪▪▪▪ ▪▪▪▪▪▪▪▪▪ ▪▪▪▪▪ ▪▪▪▪▪▪▪▪ ▪▪▪▪▪▪▪ ▪▪▪▪▪▪▪▪▪▪ ▪▪▪▪▪▪▪ ▪▪▪▪▪ ▪▪▪▪▪▪ ▪▪▪▪▪ ▪▪▪▪▪▪▪▪▪ ▪▪▪▪▪▪ ▪▪▪▪▪▪▪▪▪ ▪▪▪▪▪▪▪▪▪▪ ▪▪▪▪▪ ▪▪▪▪▪▪▪▪▪▪▪ ▪▪▪▪▪▪▪ ▪▪▪▪▪▪ ▪▪▪▪▪▪▪ ▪▪▪▪▪▪▪▪▪▪ ▪▪▪▪▪▪▪▪▪ ▪▪▪▪▪▪▪ ▪▪▪▪▪▪▪▪▪▪ ▪▪▪▪▪▪▪▪▪ ▪▪▪▪▪ ▪▪▪▪▪▪▪ ▪▪▪▪▪▪▪▪▪ ▪▪▪▪▪▪▪▪▪▪ ▪▪▪▪▪▪▪▪▪▪ ▪▪▪▪▪▪▪ ▪▪▪▪▪▪▪ ▪▪▪▪▪▪ ▪▪▪▪▪▪▪▪▪▪ ▪▪▪ ▪▪▪▪▪▪ ▪▪▪▪▪▪▪▪▪▪
TARIFF REFORM.
LORD ROSEBERY'S SUGGESTION.
NOT LIKELY TO BE ADOPTED.
Received April 19, 10. a.m.
LONDON, April 18.

The leaders of the tariff reform movement are not disposed to adopt Lord Rosebery's suggestion.

▪▪▪▪▪▪▪▪▪ ▪▪▪▪▪▪▪▪▪▪ ▪▪▪▪▪▪▪ ▪▪▪▪▪▪▪ ▪▪▪ ▪▪▪▪▪▪▪▪ ▪▪▪▪▪▪▪▪▪ ▪▪▪▪▪▪▪▪▪▪ ▪▪▪▪▪▪ ▪▪▪▪▪▪▪ ▪▪▪▪▪▪▪ ▪▪▪▪▪▪▪ ▪▪▪▪▪▪▪▪▪▪ ▪▪▪▪▪▪▪▪▪ ▪▪▪▪▪▪▪▪▪ ▪▪▪▪▪▪ ▪▪▪▪▪ ▪▪▪▪▪▪▪▪ ▪▪▪ ▪▪▪▪▪▪ ▪▪▪▪▪▪▪ ▪▪▪▪▪▪▪▪▪ ▪▪▪▪▪▪▪▪▪▪
DANGERS OF THE SEA.
BIG LINER ON THE ROCKS.
PASSENGERS LANDED SAFELY.
▪▪▪▪▪▪▪▪▪ ▪▪▪▪▪▪ ▪▪▪▪▪▪ ▪▪▪▪▪▪▪▪▪ ▪▪▪▪▪▪▪▪▪ ▪▪▪▪▪▪▪ ▪▪▪▪▪▪▪ ▪▪▪▪▪▪▪ ▪▪▪▪▪▪▪ ▪▪▪▪▪▪ ▪▪▪▪▪▪ ▪▪▪▪▪▪▪ ▪▪▪▪▪▪▪ ▪▪▪ ▪▪▪▪▪▪▪▪ ▪▪▪▪▪▪▪▪▪▪ ▪▪▪▪▪▪▪▪ ▪▪▪▪▪ ▪▪▪▪▪▪▪ ▪▪▪▪▪▪▪▪▪ ▪▪▪▪▪▪▪▪▪ ▪▪▪▪▪▪ ▪▪▪▪▪▪ ▪▪▪▪▪▪ ▪▪▪▪▪ ▪▪▪▪▪▪▪ ▪▪▪▪▪▪▪ ▪▪▪▪▪▪▪▪▪▪ ▪▪▪▪▪▪▪▪▪▪
STRUCK AT MIDNIGHT.
PASSENGERS' WILD RUSH ON DECK.
CAPTAIN PERSUADES THEM TO GO BELOW AND DRESS.
▪▪▪▪▪▪▪▪ ▪▪▪▪▪▪▪ ▪▪▪▪▪ ▪▪▪▪▪▪▪ ▪▪▪▪▪▪▪ ▪▪▪▪▪▪ ▪▪▪▪▪▪ ▪▪▪▪▪▪▪ ▪▪▪▪▪ ▪▪▪▪▪▪▪ ▪▪▪▪▪▪▪ ▪▪▪▪▪▪▪ ▪▪▪▪▪▪▪▪ ▪▪▪▪▪▪▪▪ ▪▪▪▪▪▪ ▪▪▪▪▪▪▪▪▪▪ ▪▪▪▪▪▪▪▪▪ ▪▪▪▪▪▪ ▪▪▪▪▪▪▪ ▪▪▪▪▪▪▪ ▪▪▪▪▪▪▪ ▪▪▪▪▪▪▪▪▪▪ ▪▪▪▪▪▪▪▪▪ ▪▪▪▪▪▪ ▪▪▪▪▪▪▪▪▪▪ ▪▪▪▪▪▪▪▪ ▪▪▪▪▪▪▪ ▪▪▪▪▪▪▪▪ ▪▪▪▪▪ ▪▪▪▪▪▪▪▪▪ ▪▪▪▪▪ ▪▪▪▪▪▪▪▪▪ ▪▪▪ ▪▪▪▪▪▪▪ ▪▪▪▪▪▪▪ ▪▪▪▪▪▪▪ ▪▪▪▪▪▪▪▪▪ ▪▪▪▪▪▪▪ ▪▪▪▪▪▪▪ ▪▪▪▪▪ ▪▪▪▪▪▪▪▪▪ ▪▪▪▪▪▪▪ ▪▪▪▪▪▪▪▪ ▪▪▪▪▪▪▪▪▪ ▪▪▪▪▪ ▪▪▪▪▪▪ ▪▪▪▪▪▪ ▪▪▪▪▪▪▪▪▪▪ ▪▪▪▪▪▪▪ ▪▪▪▪▪▪▪ ▪▪▪▪▪▪▪▪ ▪▪▪▪▪▪▪▪▪ ▪▪▪▪▪▪ ▪▪▪▪▪▪▪ ▪▪▪▪▪▪ ▪▪▪▪▪▪ ▪▪▪▪▪▪▪▪▪▪▪ ▪▪▪▪▪▪ ▪▪▪▪▪ ▪▪▪▪▪▪▪▪▪▪▪ ▪▪▪▪▪▪▪ ▪▪▪▪▪▪ ▪▪▪▪▪▪▪▪▪ ▪▪▪▪▪▪▪▪▪▪ ▪▪▪▪▪▪▪ ▪▪▪▪▪▪▪ ▪▪▪▪▪ ▪▪▪▪▪▪▪▪▪ ▪▪▪▪▪▪▪▪▪▪ ▪▪▪▪▪▪▪▪▪▪▪ ▪▪▪▪▪▪▪▪▪ ▪▪▪▪▪▪▪▪▪▪▪ ▪▪▪▪▪▪▪▪▪ ▪▪▪▪▪▪▪ ▪▪▪▪▪▪▪▪ ▪▪▪ ▪▪▪▪▪▪▪▪▪▪▪ ▪▪▪▪▪▪▪▪▪▪ ▪▪▪▪▪▪▪ ▪▪▪▪▪▪▪▪▪ ▪▪▪▪▪▪▪ ▪▪▪▪▪▪▪▪▪▪ ▪▪▪▪▪▪▪▪▪▪ ▪▪▪▪▪▪▪▪ ▪▪▪▪▪▪ ▪▪▪▪▪▪ ▪▪▪▪▪▪▪ ▪▪▪▪▪▪▪ ▪▪▪▪▪▪▪▪▪▪▪ ▪▪▪▪▪▪▪ ▪▪▪▪▪▪ ▪▪▪▪▪▪▪▪▪▪ ▪▪▪▪▪▪▪▪▪ ▪▪▪▪▪▪▪ ▪▪▪▪▪▪ ▪▪▪▪▪▪▪ ▪▪▪▪▪▪▪ ▪▪▪▪▪▪▪▪ ▪▪▪▪▪▪▪▪▪ ▪▪▪▪▪▪▪ ▪▪▪▪▪▪▪▪▪ ▪▪▪▪▪▪ ▪▪▪▪▪▪ ▪▪▪▪▪▪▪▪▪▪ ▪▪▪▪▪▪ ▪▪▪▪▪▪▪▪▪▪ ▪▪▪▪▪▪ ▪▪▪▪▪▪▪ ▪▪▪▪▪▪▪▪▪▪
STEAMER WAKATIPU REFLOATED.
▪▪▪▪▪▪▪▪▪ ▪▪▪▪▪ ▪▪▪▪▪▪▪ ▪▪▪ ▪▪▪▪▪▪▪ ▪▪▪▪▪▪▪ ▪▪▪▪▪▪ ▪▪▪▪▪ ▪▪▪▪▪▪▪ ▪▪▪▪▪ ▪▪▪▪▪▪▪ ▪▪▪▪▪▪▪ ▪▪▪▪▪▪▪ ▪▪▪▪▪ ▪▪▪▪▪▪▪▪▪ ▪▪▪▪▪▪ ▪▪▪▪▪▪ ▪▪▪▪▪▪▪ ▪▪▪▪▪▪▪▪▪ ▪▪▪▪▪ ▪▪▪▪▪▪▪ ▪▪▪▪▪▪▪▪▪ ▪▪▪▪▪▪ ▪▪▪▪▪▪ ▪▪▪▪▪ ▪▪▪▪▪▪▪ ▪▪▪▪▪▪▪▪▪ ▪▪▪▪▪▪▪▪▪▪ ▪▪▪▪▪▪▪ ▪▪▪▪▪▪▪▪▪▪▪ ▪▪▪▪▪ ▪▪▪▪▪▪ ▪▪▪▪▪▪▪▪▪▪ ▪▪▪▪▪▪▪▪▪ ▪▪▪▪▪▪ ▪▪▪▪▪ ▪▪▪▪▪▪▪▪ ▪▪▪▪▪▪▪▪▪▪▪ ▪▪▪▪▪ ▪▪▪▪▪▪▪ ▪▪▪▪▪▪▪ ▪▪▪▪▪▪▪ ▪▪▪▪▪▪▪▪▪ ▪▪▪▪▪ ▪▪▪▪▪ ▪▪▪▪▪▪▪▪ ▪▪▪▪▪▪▪ ▪▪▪▪▪▪▪▪▪▪ ▪▪▪▪▪▪▪▪▪▪ ▪▪▪ ▪▪▪▪▪▪▪ ▪▪▪▪▪▪▪▪▪ ▪▪▪▪▪▪▪
COUNTESS OF RANFURLY WRECK.
DIFFICULTY OVER INQUIRY.
▪▪▪▪▪▪▪▪▪▪ ▪▪▪▪▪ ▪▪▪▪▪▪▪▪▪▪ ▪▪▪▪▪ ▪▪▪▪▪▪▪▪ ▪▪▪▪▪▪ ▪▪▪▪▪▪▪ ▪▪▪▪▪▪▪ ▪▪▪▪▪▪ ▪▪▪▪▪ ▪▪▪▪▪▪▪▪▪▪ ▪▪▪▪▪▪ ▪▪▪▪▪▪▪ ▪▪▪▪▪▪▪ ▪▪▪▪▪▪▪▪▪▪▪ ▪▪▪▪▪ ▪▪▪▪▪▪▪ ▪▪▪▪▪▪▪ ▪▪▪▪▪▪▪ ▪▪▪▪▪▪▪▪ ▪▪▪▪▪▪▪ ▪▪▪▪▪▪ ▪▪▪▪▪▪▪ ▪▪▪▪▪▪▪▪▪▪ ▪▪▪▪▪▪▪▪▪ ▪▪▪▪▪▪ ▪▪▪▪▪▪ ▪▪▪▪▪▪▪▪▪▪▪ ▪▪▪▪▪▪▪ ▪▪▪▪▪▪▪▪▪ ▪▪▪▪▪▪▪ ▪▪▪▪▪▪▪▪▪▪▪ ▪▪▪▪▪▪▪▪▪▪▪ ▪▪▪▪▪▪▪▪▪▪ ▪▪▪▪▪▪▪ ▪▪▪▪▪▪▪▪▪▪▪ ▪▪▪▪▪▪▪▪▪▪▪ ▪▪▪▪▪▪▪▪▪ ▪▪▪▪▪▪▪▪▪ ▪▪▪▪▪▪▪▪ ▪▪▪▪▪▪▪ ▪▪▪▪▪▪ ▪▪▪▪▪▪▪ ▪▪▪▪▪▪ ▪▪▪▪▪▪ ▪▪▪▪▪▪ ▪▪▪▪▪▪▪▪▪ ▪▪▪▪▪▪▪▪ ▪▪▪▪▪▪▪ ▪▪▪▪▪▪▪ ▪▪▪▪▪▪▪▪ ▪▪▪▪▪▪▪▪▪▪ ▪▪▪▪▪▪▪▪▪ ▪▪▪▪▪▪▪ ▪▪▪▪▪▪▪ ▪▪▪▪▪▪▪▪▪▪▪ ▪▪▪▪▪▪ ▪▪▪▪▪▪▪▪▪▪ ▪▪▪▪▪▪▪ ▪▪▪▪▪▪▪ ▪▪▪▪▪▪ ▪▪▪▪▪▪▪ ▪▪▪▪▪ ▪▪▪ ▪▪▪▪▪▪▪ ▪▪▪▪▪▪▪▪▪▪ ▪▪▪▪▪▪▪ ▪▪▪▪▪▪▪ ▪▪▪▪▪ ▪▪▪▪▪▪▪ ▪▪▪▪▪▪▪▪▪▪ ▪▪▪▪▪▪▪ ▪▪▪▪▪▪▪▪▪▪ ▪▪▪▪▪▪▪▪ ▪▪▪▪▪▪▪▪ ▪▪▪▪▪▪▪▪▪▪▪ ▪▪▪▪▪▪▪▪▪▪ ▪▪▪▪▪▪▪▪▪▪ ▪▪▪▪▪▪▪▪▪ ▪▪▪▪▪ ▪▪▪▪▪▪▪ ▪▪▪▪▪▪▪▪▪ ▪▪▪▪▪▪▪ ▪▪▪▪▪▪▪ ▪▪▪▪▪▪▪▪ ▪▪▪▪▪▪▪▪▪ ▪▪▪▪▪▪▪▪ ▪▪▪▪▪▪▪ ▪▪▪▪▪ ▪▪▪▪▪▪▪ ▪▪▪▪▪▪▪▪▪ ▪▪▪▪▪▪▪ ▪▪▪▪▪▪▪ ▪▪▪▪▪▪ ▪▪▪▪▪▪▪▪▪ ▪▪▪▪▪ ▪▪▪▪▪▪▪▪▪▪▪ ▪▪▪▪▪▪ ▪▪▪▪▪ ▪▪▪▪▪ ▪▪▪▪▪▪▪▪▪▪ ▪▪▪▪▪▪ ▪▪▪▪▪▪▪ ▪▪▪▪▪▪▪ ▪▪▪▪▪▪▪ ▪▪▪▪▪▪▪▪▪▪ ▪▪▪▪▪▪ ▪▪▪▪▪▪▪▪▪▪ ▪▪▪▪▪▪▪ ▪▪▪▪▪▪ ▪▪▪▪▪▪▪ ▪▪▪▪▪▪ ▪▪▪▪▪▪▪ ▪▪▪▪▪▪▪▪▪▪ ▪▪▪▪▪▪▪▪▪ ▪▪▪▪▪▪▪▪▪▪ ▪▪▪▪▪▪ ▪▪▪▪▪▪ ▪▪▪▪▪▪▪▪▪▪ ▪▪▪▪▪▪▪ ▪▪▪▪▪▪▪▪▪ ▪▪▪▪▪▪ ▪▪▪▪▪▪▪▪▪ ▪▪▪▪▪ ▪▪▪▪▪▪▪ ▪▪▪▪▪▪ ▪▪▪▪▪▪▪ ▪▪▪▪▪▪ ▪▪▪ ▪▪▪▪▪▪▪ ▪▪▪▪▪▪▪ ▪▪▪▪▪▪ ▪▪▪▪▪▪▪▪▪ ▪▪▪▪▪▪ ▪▪▪▪▪▪▪ ▪▪▪▪▪▪▪ ▪▪▪▪▪▪▪▪▪ ▪▪▪▪▪ ▪▪▪▪▪▪ ▪▪▪▪▪▪▪▪▪ ▪▪▪▪▪▪▪ ▪▪▪▪▪▪▪ ▪▪▪▪▪▪
LABOUR TROUBLES.
TIMBER MERCHANTS REFUSE CONFERENCE.
▪▪▪▪▪▪▪ ▪▪▪ ▪▪▪▪▪▪ ▪▪▪▪▪▪▪▪▪▪ ▪▪▪▪▪▪▪▪▪ ▪▪▪▪▪▪ ▪▪▪▪▪▪▪ ▪▪▪▪▪ ▪▪▪▪▪▪▪▪▪▪▪ ▪▪▪▪▪▪ ▪▪▪▪▪▪▪ ▪▪▪▪▪ ▪▪▪▪▪ ▪▪▪▪▪▪▪ ▪▪▪▪▪▪▪▪▪ ▪▪▪▪▪ ▪▪▪▪▪▪▪ ▪▪▪▪▪▪▪ ▪▪▪▪▪▪▪▪ ▪▪▪▪▪▪ ▪▪▪▪▪▪▪▪▪ ▪▪▪▪▪ ▪▪▪▪▪▪ ▪▪▪▪▪▪ ▪▪▪▪▪▪▪▪▪ ▪▪▪▪▪ ▪▪▪▪▪ ▪▪▪▪▪▪ ▪▪▪▪▪▪▪ ▪▪▪▪▪▪▪ ▪▪▪▪▪▪ ▪▪▪▪▪▪ ▪▪▪▪▪▪▪▪▪▪ ▪▪▪▪▪▪ ▪▪▪▪▪▪▪▪▪ ▪▪▪▪▪▪▪ ▪▪▪▪▪▪▪▪▪▪▪ ▪▪▪▪▪▪▪▪▪ ▪▪▪▪▪▪▪ ▪▪▪▪▪▪ ▪▪▪▪▪▪▪▪▪▪ ▪▪▪▪▪▪▪ ▪▪▪ ▪▪▪▪▪▪▪▪ ▪▪▪▪▪▪▪ ▪▪▪▪▪▪▪ ▪▪▪▪▪▪▪ ▪▪▪▪▪▪▪ ▪▪▪▪▪▪ ▪▪▪▪▪▪ ▪▪▪▪▪▪▪▪▪▪ ▪▪▪▪▪▪▪▪▪▪ ▪▪▪▪▪▪▪ ▪▪▪▪▪▪ ▪▪▪▪▪▪▪▪▪▪▪ ▪▪▪▪▪▪▪▪▪ ▪▪▪▪▪▪▪▪ ▪▪▪▪▪▪▪ ▪▪▪▪▪▪▪ ▪▪▪▪▪▪▪ ▪▪▪▪▪▪▪▪▪ ▪▪▪▪▪▪▪▪▪ ▪▪▪▪▪▪
HALLEY'S COMET.
INTENSE INTEREST.
▪▪▪▪▪ ▪▪▪▪▪▪▪▪▪ ▪▪▪▪▪▪▪▪▪ ▪▪▪▪▪▪▪▪▪ ▪▪▪▪▪▪▪ ▪▪▪▪▪▪ ▪▪▪▪▪▪ ▪▪▪▪▪▪▪ ▪▪▪▪▪▪▪ ▪▪▪▪▪▪▪▪ ▪▪▪▪▪▪▪▪▪▪ ▪▪▪▪▪▪▪▪▪▪ ▪▪▪▪▪▪▪ ▪▪▪▪▪▪▪ ▪▪▪▪▪ ▪▪▪▪▪▪▪ ▪▪▪▪▪ ▪▪▪▪▪▪▪ ▪▪▪▪▪▪ ▪▪▪▪▪▪ ▪▪▪▪▪▪▪ ▪▪▪▪▪▪▪▪ ▪▪▪▪▪▪▪ ▪▪▪▪▪ ▪▪▪▪▪▪▪ ▪▪▪▪▪▪▪▪ ▪▪▪▪▪▪▪▪▪▪ ▪▪▪▪▪▪▪ ▪▪▪▪▪▪▪▪▪ ▪▪▪▪▪▪▪ ▪▪▪▪▪▪ ▪▪▪▪▪▪▪ ▪▪▪▪▪▪▪▪▪ ▪▪▪▪▪▪▪▪
CLEARLY SEEN AT KHARTOUM.
▪▪▪▪▪▪▪ ▪▪▪▪▪▪ ▪▪▪▪▪▪ ▪▪▪▪▪▪▪ ▪▪▪▪▪▪▪ ▪▪▪▪▪▪▪ ▪▪▪▪▪▪▪ ▪▪▪▪▪▪ ▪▪▪▪▪▪▪ ▪▪▪▪▪▪ ▪▪▪▪▪▪▪▪▪ ▪▪▪▪▪▪▪ ▪▪▪▪▪ ▪▪▪▪▪▪▪ ▪▪▪▪▪▪▪▪ ▪▪▪▪▪▪▪▪▪▪ ▪▪▪▪▪▪▪▪▪ ▪▪▪▪▪▪▪ ▪▪▪▪▪▪▪ ▪▪▪▪▪▪▪ ▪▪▪▪▪▪ ▪▪▪▪▪▪▪ ▪▪▪▪▪▪▪▪ ▪▪▪▪▪▪▪ ▪▪▪▪▪▪▪▪▪ ▪▪▪▪▪▪▪ ▪▪▪▪▪▪▪ ▪▪▪▪▪▪▪ ▪▪▪▪▪ ▪▪▪▪▪▪▪▪▪▪ ▪▪▪▪▪▪ ▪▪▪▪▪▪▪ ▪▪▪▪▪▪ ▪▪▪▪▪▪▪▪ ▪▪▪▪▪▪ ▪▪▪▪▪▪▪▪ ▪▪▪▪▪▪▪▪▪ ▪▪▪▪▪▪▪▪▪ ▪▪▪▪▪ ▪▪▪▪▪▪▪▪▪▪ ▪▪▪▪▪▪ ▪▪▪▪▪▪▪▪▪▪▪ ▪▪▪▪▪ ▪▪▪▪▪▪▪▪▪ ▪▪▪▪▪▪ ▪▪▪▪▪▪▪ ▪▪▪▪▪▪▪▪ ▪▪▪▪▪▪▪ ▪▪▪▪▪▪ ▪▪▪▪▪▪▪▪▪▪ ▪▪▪▪▪▪▪ ▪▪▪▪▪▪▪ ▪▪▪▪▪▪▪▪ ▪▪▪▪▪▪ ▪▪▪▪▪▪▪ ▪▪▪▪▪▪▪▪▪ ▪▪▪▪▪▪▪
